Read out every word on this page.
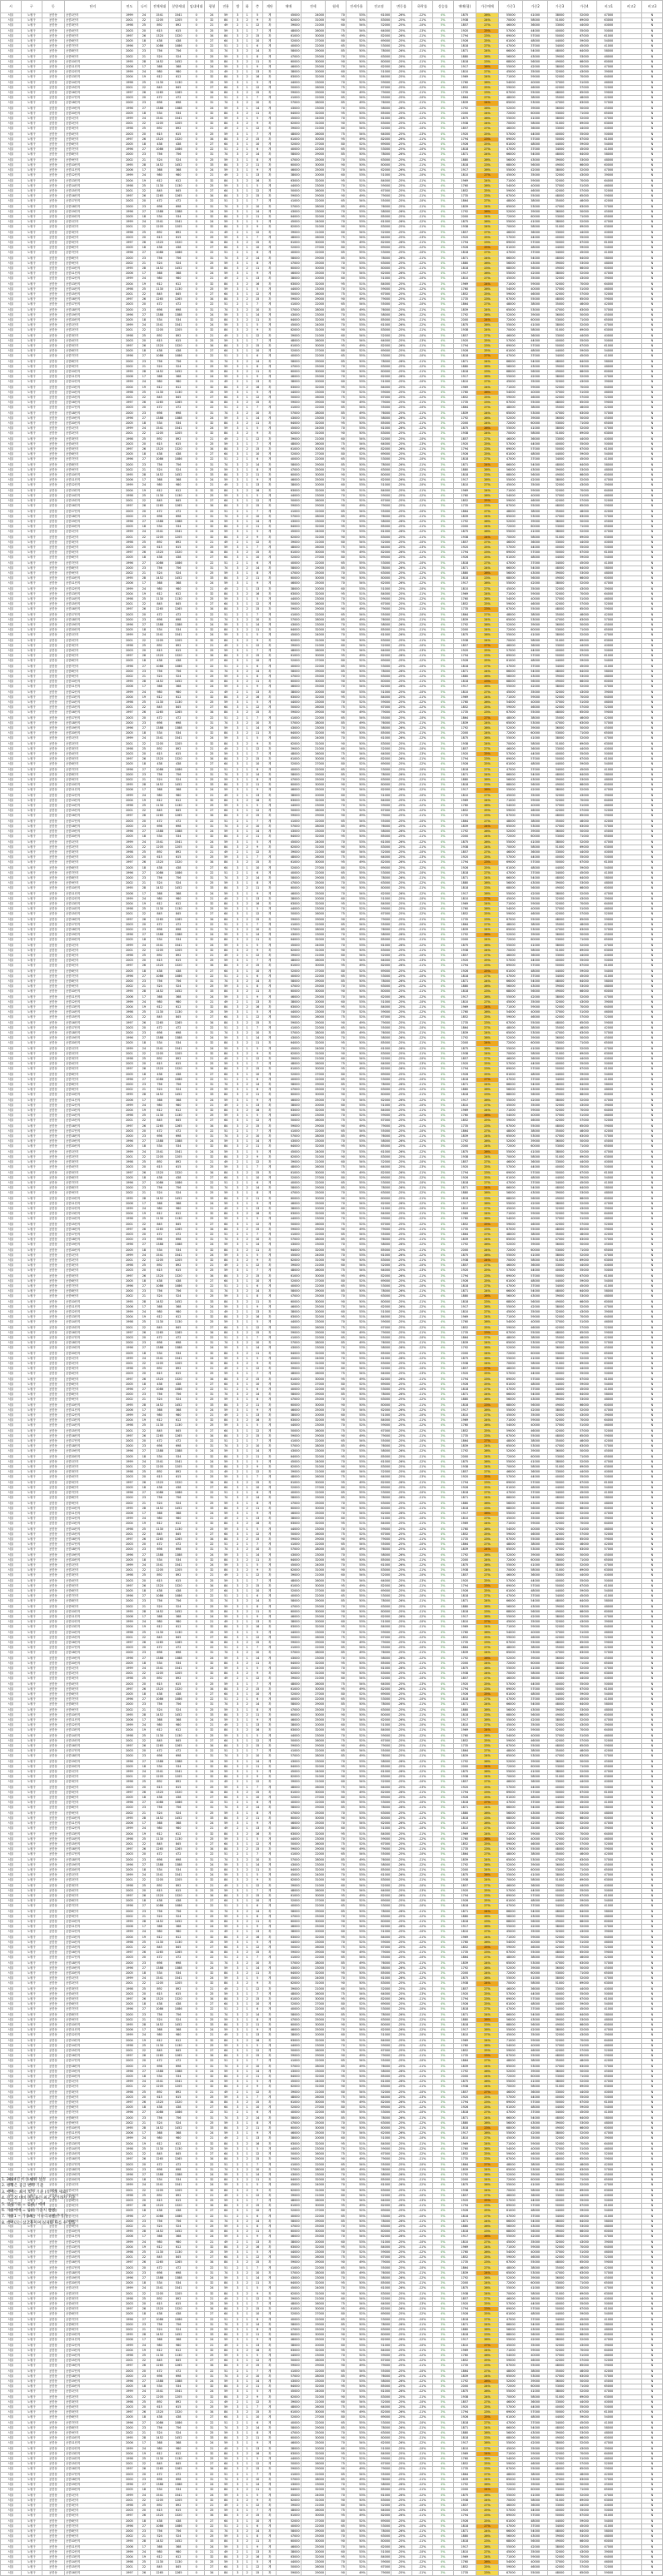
시	구	동	단지	연도	나이	전체세대	분양세대	임대세대	평형	전용	방	화	층	계단	매매	전세	월세	전세가율	전고점	변동률	하락률	상승률	매매(평)	가중매매	가중1	가중2	가중3	가중4	비고1	비고2	비고3
서울	노원구	공릉동	공릉1단지	1999	24	1541	1541	0	24	59	3	1	5	계	45000	24000	70	53%	61000	-26%	-12%	4%	1875	26%	55000	41000	38000	52000	47000		N
서울	노원구	공릉동	공릉2단지	2001	22	1205	1205	0	32	84	3	2	9	복	62000	31000	90	50%	83000	-25%	-11%	3%	1938	24%	70000	58000	51000	69000	63000		N
서울	노원구	공릉동	공릉3단지	1998	25	892	892	0	21	49	2	1	12	복	39000	21000	60	54%	52000	-25%	-10%	5%	1857	27%	46000	36000	33000	44000	40000		N
서울	노원구	공릉동	공릉4단지	2003	20	615	615	0	25	59	3	1	7	계	48000	26000	75	54%	64000	-25%	-13%	4%	1920	25%	57000	44000	40000	55000	50000		N
서울	노원구	공릉동	공릉5단지	1997	26	1320	1320	0	34	84	3	2	15	복	61000	30000	95	49%	82000	-26%	-11%	3%	1794	23%	69000	57000	50000	67000	61000		N
서울	노원구	공릉동	공릉6단지	2005	18	438	438	0	27	64	3	1	10	계	52000	27000	80	52%	69000	-25%	-12%	4%	1926	25%	61000	48000	44000	59000	54000		N
서울	노원구	공릉동	공릉7단지	1996	27	1086	1086	0	22	51	2	1	6	계	40000	22000	65	55%	53000	-25%	-10%	5%	1818	27%	47000	37000	34000	45000	41000		N
서울	노원구	공릉동	공릉8단지	2000	23	756	756	0	31	74	3	2	14	복	58000	29000	85	50%	78000	-26%	-11%	3%	1871	24%	66000	54000	48000	64000	58000		N
서울	노원구	공릉동	공릉9단지	2002	21	524	524	0	25	59	3	1	8	계	47000	25000	70	53%	63000	-25%	-12%	4%	1880	26%	56000	43000	39000	53000	48000		N
서울	노원구	공릉동	공릉10단지	1995	28	1452	1452	0	33	84	3	2	11	복	60000	30000	90	50%	80000	-25%	-11%	3%	1818	23%	68000	56000	49000	66000	60000		N
서울	노원구	공릉동	공릉11단지	2006	17	368	368	0	24	59	3	1	9	계	46000	25000	70	54%	62000	-26%	-12%	4%	1917	26%	55000	42000	38000	52000	47000		N
서울	노원구	공릉동	공릉12단지	1999	24	980	980	0	21	49	2	1	13	복	38000	20000	60	53%	51000	-25%	-10%	5%	1810	27%	45000	35000	32000	43000	39000		N
서울	노원구	공릉동	공릉13단지	2004	19	612	612	0	32	84	3	2	16	복	63000	32000	95	51%	84000	-25%	-11%	3%	1969	24%	71000	59000	52000	70000	64000		N
서울	노원구	공릉동	공릉14단지	1998	25	1130	1130	0	25	59	3	1	5	계	44000	23000	70	52%	59000	-25%	-12%	4%	1760	26%	54000	40000	37000	51000	46000		N
서울	노원구	공릉동	공릉15단지	2001	22	845	845	0	27	64	3	1	12	계	50000	26000	75	52%	67000	-25%	-12%	4%	1852	25%	59000	46000	42000	57000	52000		N
서울	노원구	공릉동	공릉16단지	1997	26	1265	1265	0	34	84	3	2	15	복	59000	29000	90	49%	79000	-25%	-11%	3%	1735	23%	67000	55000	48000	65000	59000		N
서울	노원구	공릉동	공릉17단지	2003	20	472	472	0	22	51	2	1	7	계	41000	22000	65	54%	55000	-25%	-10%	5%	1864	27%	48000	38000	35000	46000	42000		N
서울	노원구	공릉동	공릉18단지	2000	23	698	698	0	31	74	3	2	10	복	57000	28000	85	49%	76000	-25%	-11%	3%	1839	24%	65000	53000	47000	63000	57000		N
서울	노원구	공릉동	공릉19단지	1996	27	1388	1388	0	24	59	3	1	14	계	43000	23000	70	53%	58000	-26%	-12%	4%	1792	26%	52000	39000	36000	50000	45000		N
서울	노원구	공릉동	공릉20단지	2005	18	534	534	0	32	84	3	2	11	복	64000	32000	95	50%	85000	-25%	-11%	3%	2000	24%	72000	60000	53000	71000	65000		N
서울	노원구	공릉동	공릉1단지	1999	24	1541	1541	0	24	59	3	1	5	계	45000	24000	70	53%	61000	-26%	-12%	4%	1875	26%	55000	41000	38000	52000	47000		N
서울	노원구	공릉동	공릉2단지	2001	22	1205	1205	0	32	84	3	2	9	복	62000	31000	90	50%	83000	-25%	-11%	3%	1938	24%	70000	58000	51000	69000	63000		N
서울	노원구	공릉동	공릉3단지	1998	25	892	892	0	21	49	2	1	12	복	39000	21000	60	54%	52000	-25%	-10%	5%	1857	27%	46000	36000	33000	44000	40000		N
서울	노원구	공릉동	공릉4단지	2003	20	615	615	0	25	59	3	1	7	계	48000	26000	75	54%	64000	-25%	-13%	4%	1920	25%	57000	44000	40000	55000	50000		N
서울	노원구	공릉동	공릉5단지	1997	26	1320	1320	0	34	84	3	2	15	복	61000	30000	95	49%	82000	-26%	-11%	3%	1794	23%	69000	57000	50000	67000	61000		N
서울	노원구	공릉동	공릉6단지	2005	18	438	438	0	27	64	3	1	10	계	52000	27000	80	52%	69000	-25%	-12%	4%	1926	25%	61000	48000	44000	59000	54000		N
서울	노원구	공릉동	공릉7단지	1996	27	1086	1086	0	22	51	2	1	6	계	40000	22000	65	55%	53000	-25%	-10%	5%	1818	27%	47000	37000	34000	45000	41000		N
서울	노원구	공릉동	공릉8단지	2000	23	756	756	0	31	74	3	2	14	복	58000	29000	85	50%	78000	-26%	-11%	3%	1871	24%	66000	54000	48000	64000	58000		N
서울	노원구	공릉동	공릉9단지	2002	21	524	524	0	25	59	3	1	8	계	47000	25000	70	53%	63000	-25%	-12%	4%	1880	26%	56000	43000	39000	53000	48000		N
서울	노원구	공릉동	공릉10단지	1995	28	1452	1452	0	33	84	3	2	11	복	60000	30000	90	50%	80000	-25%	-11%	3%	1818	23%	68000	56000	49000	66000	60000		N
서울	노원구	공릉동	공릉11단지	2006	17	368	368	0	24	59	3	1	9	계	46000	25000	70	54%	62000	-26%	-12%	4%	1917	26%	55000	42000	38000	52000	47000		N
서울	노원구	공릉동	공릉12단지	1999	24	980	980	0	21	49	2	1	13	복	38000	20000	60	53%	51000	-25%	-10%	5%	1810	27%	45000	35000	32000	43000	39000		N
서울	노원구	공릉동	공릉13단지	2004	19	612	612	0	32	84	3	2	16	복	63000	32000	95	51%	84000	-25%	-11%	3%	1969	24%	71000	59000	52000	70000	64000		N
서울	노원구	공릉동	공릉14단지	1998	25	1130	1130	0	25	59	3	1	5	계	44000	23000	70	52%	59000	-25%	-12%	4%	1760	26%	54000	40000	37000	51000	46000		N
서울	노원구	공릉동	공릉15단지	2001	22	845	845	0	27	64	3	1	12	계	50000	26000	75	52%	67000	-25%	-12%	4%	1852	25%	59000	46000	42000	57000	52000		N
서울	노원구	공릉동	공릉16단지	1997	26	1265	1265	0	34	84	3	2	15	복	59000	29000	90	49%	79000	-25%	-11%	3%	1735	23%	67000	55000	48000	65000	59000		N
서울	노원구	공릉동	공릉17단지	2003	20	472	472	0	22	51	2	1	7	계	41000	22000	65	54%	55000	-25%	-10%	5%	1864	27%	48000	38000	35000	46000	42000		N
서울	노원구	공릉동	공릉18단지	2000	23	698	698	0	31	74	3	2	10	복	57000	28000	85	49%	76000	-25%	-11%	3%	1839	24%	65000	53000	47000	63000	57000		N
서울	노원구	공릉동	공릉19단지	1996	27	1388	1388	0	24	59	3	1	14	계	43000	23000	70	53%	58000	-26%	-12%	4%	1792	26%	52000	39000	36000	50000	45000		N
서울	노원구	공릉동	공릉20단지	2005	18	534	534	0	32	84	3	2	11	복	64000	32000	95	50%	85000	-25%	-11%	3%	2000	24%	72000	60000	53000	71000	65000		N
서울	노원구	공릉동	공릉1단지	1999	24	1541	1541	0	24	59	3	1	5	계	45000	24000	70	53%	61000	-26%	-12%	4%	1875	26%	55000	41000	38000	52000	47000		N
서울	노원구	공릉동	공릉2단지	2001	22	1205	1205	0	32	84	3	2	9	복	62000	31000	90	50%	83000	-25%	-11%	3%	1938	24%	70000	58000	51000	69000	63000		N
서울	노원구	공릉동	공릉3단지	1998	25	892	892	0	21	49	2	1	12	복	39000	21000	60	54%	52000	-25%	-10%	5%	1857	27%	46000	36000	33000	44000	40000		N
서울	노원구	공릉동	공릉4단지	2003	20	615	615	0	25	59	3	1	7	계	48000	26000	75	54%	64000	-25%	-13%	4%	1920	25%	57000	44000	40000	55000	50000		N
서울	노원구	공릉동	공릉5단지	1997	26	1320	1320	0	34	84	3	2	15	복	61000	30000	95	49%	82000	-26%	-11%	3%	1794	23%	69000	57000	50000	67000	61000		N
서울	노원구	공릉동	공릉6단지	2005	18	438	438	0	27	64	3	1	10	계	52000	27000	80	52%	69000	-25%	-12%	4%	1926	25%	61000	48000	44000	59000	54000		N
서울	노원구	공릉동	공릉7단지	1996	27	1086	1086	0	22	51	2	1	6	계	40000	22000	65	55%	53000	-25%	-10%	5%	1818	27%	47000	37000	34000	45000	41000		N
서울	노원구	공릉동	공릉8단지	2000	23	756	756	0	31	74	3	2	14	복	58000	29000	85	50%	78000	-26%	-11%	3%	1871	24%	66000	54000	48000	64000	58000		N
서울	노원구	공릉동	공릉9단지	2002	21	524	524	0	25	59	3	1	8	계	47000	25000	70	53%	63000	-25%	-12%	4%	1880	26%	56000	43000	39000	53000	48000		N
서울	노원구	공릉동	공릉10단지	1995	28	1452	1452	0	33	84	3	2	11	복	60000	30000	90	50%	80000	-25%	-11%	3%	1818	23%	68000	56000	49000	66000	60000		N
서울	노원구	공릉동	공릉11단지	2006	17	368	368	0	24	59	3	1	9	계	46000	25000	70	54%	62000	-26%	-12%	4%	1917	26%	55000	42000	38000	52000	47000		N
서울	노원구	공릉동	공릉12단지	1999	24	980	980	0	21	49	2	1	13	복	38000	20000	60	53%	51000	-25%	-10%	5%	1810	27%	45000	35000	32000	43000	39000		N
서울	노원구	공릉동	공릉13단지	2004	19	612	612	0	32	84	3	2	16	복	63000	32000	95	51%	84000	-25%	-11%	3%	1969	24%	71000	59000	52000	70000	64000		N
서울	노원구	공릉동	공릉14단지	1998	25	1130	1130	0	25	59	3	1	5	계	44000	23000	70	52%	59000	-25%	-12%	4%	1760	26%	54000	40000	37000	51000	46000		N
서울	노원구	공릉동	공릉15단지	2001	22	845	845	0	27	64	3	1	12	계	50000	26000	75	52%	67000	-25%	-12%	4%	1852	25%	59000	46000	42000	57000	52000		N
서울	노원구	공릉동	공릉16단지	1997	26	1265	1265	0	34	84	3	2	15	복	59000	29000	90	49%	79000	-25%	-11%	3%	1735	23%	67000	55000	48000	65000	59000		N
서울	노원구	공릉동	공릉17단지	2003	20	472	472	0	22	51	2	1	7	계	41000	22000	65	54%	55000	-25%	-10%	5%	1864	27%	48000	38000	35000	46000	42000		N
서울	노원구	공릉동	공릉18단지	2000	23	698	698	0	31	74	3	2	10	복	57000	28000	85	49%	76000	-25%	-11%	3%	1839	24%	65000	53000	47000	63000	57000		N
서울	노원구	공릉동	공릉19단지	1996	27	1388	1388	0	24	59	3	1	14	계	43000	23000	70	53%	58000	-26%	-12%	4%	1792	26%	52000	39000	36000	50000	45000		N
서울	노원구	공릉동	공릉20단지	2005	18	534	534	0	32	84	3	2	11	복	64000	32000	95	50%	85000	-25%	-11%	3%	2000	24%	72000	60000	53000	71000	65000		N
서울	노원구	공릉동	공릉1단지	1999	24	1541	1541	0	24	59	3	1	5	계	45000	24000	70	53%	61000	-26%	-12%	4%	1875	26%	55000	41000	38000	52000	47000		N
서울	노원구	공릉동	공릉2단지	2001	22	1205	1205	0	32	84	3	2	9	복	62000	31000	90	50%	83000	-25%	-11%	3%	1938	24%	70000	58000	51000	69000	63000		N
서울	노원구	공릉동	공릉3단지	1998	25	892	892	0	21	49	2	1	12	복	39000	21000	60	54%	52000	-25%	-10%	5%	1857	27%	46000	36000	33000	44000	40000		N
서울	노원구	공릉동	공릉4단지	2003	20	615	615	0	25	59	3	1	7	계	48000	26000	75	54%	64000	-25%	-13%	4%	1920	25%	57000	44000	40000	55000	50000		N
서울	노원구	공릉동	공릉5단지	1997	26	1320	1320	0	34	84	3	2	15	복	61000	30000	95	49%	82000	-26%	-11%	3%	1794	23%	69000	57000	50000	67000	61000		N
서울	노원구	공릉동	공릉6단지	2005	18	438	438	0	27	64	3	1	10	계	52000	27000	80	52%	69000	-25%	-12%	4%	1926	25%	61000	48000	44000	59000	54000		N
서울	노원구	공릉동	공릉7단지	1996	27	1086	1086	0	22	51	2	1	6	계	40000	22000	65	55%	53000	-25%	-10%	5%	1818	27%	47000	37000	34000	45000	41000		N
서울	노원구	공릉동	공릉8단지	2000	23	756	756	0	31	74	3	2	14	복	58000	29000	85	50%	78000	-26%	-11%	3%	1871	24%	66000	54000	48000	64000	58000		N
서울	노원구	공릉동	공릉9단지	2002	21	524	524	0	25	59	3	1	8	계	47000	25000	70	53%	63000	-25%	-12%	4%	1880	26%	56000	43000	39000	53000	48000		N
서울	노원구	공릉동	공릉10단지	1995	28	1452	1452	0	33	84	3	2	11	복	60000	30000	90	50%	80000	-25%	-11%	3%	1818	23%	68000	56000	49000	66000	60000		N
서울	노원구	공릉동	공릉11단지	2006	17	368	368	0	24	59	3	1	9	계	46000	25000	70	54%	62000	-26%	-12%	4%	1917	26%	55000	42000	38000	52000	47000		N
서울	노원구	공릉동	공릉12단지	1999	24	980	980	0	21	49	2	1	13	복	38000	20000	60	53%	51000	-25%	-10%	5%	1810	27%	45000	35000	32000	43000	39000		N
서울	노원구	공릉동	공릉13단지	2004	19	612	612	0	32	84	3	2	16	복	63000	32000	95	51%	84000	-25%	-11%	3%	1969	24%	71000	59000	52000	70000	64000		N
서울	노원구	공릉동	공릉14단지	1998	25	1130	1130	0	25	59	3	1	5	계	44000	23000	70	52%	59000	-25%	-12%	4%	1760	26%	54000	40000	37000	51000	46000		N
서울	노원구	공릉동	공릉15단지	2001	22	845	845	0	27	64	3	1	12	계	50000	26000	75	52%	67000	-25%	-12%	4%	1852	25%	59000	46000	42000	57000	52000		N
서울	노원구	공릉동	공릉16단지	1997	26	1265	1265	0	34	84	3	2	15	복	59000	29000	90	49%	79000	-25%	-11%	3%	1735	23%	67000	55000	48000	65000	59000		N
서울	노원구	공릉동	공릉17단지	2003	20	472	472	0	22	51	2	1	7	계	41000	22000	65	54%	55000	-25%	-10%	5%	1864	27%	48000	38000	35000	46000	42000		N
서울	노원구	공릉동	공릉18단지	2000	23	698	698	0	31	74	3	2	10	복	57000	28000	85	49%	76000	-25%	-11%	3%	1839	24%	65000	53000	47000	63000	57000		N
서울	노원구	공릉동	공릉19단지	1996	27	1388	1388	0	24	59	3	1	14	계	43000	23000	70	53%	58000	-26%	-12%	4%	1792	26%	52000	39000	36000	50000	45000		N
서울	노원구	공릉동	공릉20단지	2005	18	534	534	0	32	84	3	2	11	복	64000	32000	95	50%	85000	-25%	-11%	3%	2000	24%	72000	60000	53000	71000	65000		N
서울	노원구	공릉동	공릉1단지	1999	24	1541	1541	0	24	59	3	1	5	계	45000	24000	70	53%	61000	-26%	-12%	4%	1875	26%	55000	41000	38000	52000	47000		N
서울	노원구	공릉동	공릉2단지	2001	22	1205	1205	0	32	84	3	2	9	복	62000	31000	90	50%	83000	-25%	-11%	3%	1938	24%	70000	58000	51000	69000	63000		N
서울	노원구	공릉동	공릉3단지	1998	25	892	892	0	21	49	2	1	12	복	39000	21000	60	54%	52000	-25%	-10%	5%	1857	27%	46000	36000	33000	44000	40000		N
서울	노원구	공릉동	공릉4단지	2003	20	615	615	0	25	59	3	1	7	계	48000	26000	75	54%	64000	-25%	-13%	4%	1920	25%	57000	44000	40000	55000	50000		N
서울	노원구	공릉동	공릉5단지	1997	26	1320	1320	0	34	84	3	2	15	복	61000	30000	95	49%	82000	-26%	-11%	3%	1794	23%	69000	57000	50000	67000	61000		N
서울	노원구	공릉동	공릉6단지	2005	18	438	438	0	27	64	3	1	10	계	52000	27000	80	52%	69000	-25%	-12%	4%	1926	25%	61000	48000	44000	59000	54000		N
서울	노원구	공릉동	공릉7단지	1996	27	1086	1086	0	22	51	2	1	6	계	40000	22000	65	55%	53000	-25%	-10%	5%	1818	27%	47000	37000	34000	45000	41000		N
서울	노원구	공릉동	공릉8단지	2000	23	756	756	0	31	74	3	2	14	복	58000	29000	85	50%	78000	-26%	-11%	3%	1871	24%	66000	54000	48000	64000	58000		N
서울	노원구	공릉동	공릉9단지	2002	21	524	524	0	25	59	3	1	8	계	47000	25000	70	53%	63000	-25%	-12%	4%	1880	26%	56000	43000	39000	53000	48000		N
서울	노원구	공릉동	공릉10단지	1995	28	1452	1452	0	33	84	3	2	11	복	60000	30000	90	50%	80000	-25%	-11%	3%	1818	23%	68000	56000	49000	66000	60000		N
서울	노원구	공릉동	공릉11단지	2006	17	368	368	0	24	59	3	1	9	계	46000	25000	70	54%	62000	-26%	-12%	4%	1917	26%	55000	42000	38000	52000	47000		N
서울	노원구	공릉동	공릉12단지	1999	24	980	980	0	21	49	2	1	13	복	38000	20000	60	53%	51000	-25%	-10%	5%	1810	27%	45000	35000	32000	43000	39000		N
서울	노원구	공릉동	공릉13단지	2004	19	612	612	0	32	84	3	2	16	복	63000	32000	95	51%	84000	-25%	-11%	3%	1969	24%	71000	59000	52000	70000	64000		N
서울	노원구	공릉동	공릉14단지	1998	25	1130	1130	0	25	59	3	1	5	계	44000	23000	70	52%	59000	-25%	-12%	4%	1760	26%	54000	40000	37000	51000	46000		N
서울	노원구	공릉동	공릉15단지	2001	22	845	845	0	27	64	3	1	12	계	50000	26000	75	52%	67000	-25%	-12%	4%	1852	25%	59000	46000	42000	57000	52000		N
서울	노원구	공릉동	공릉16단지	1997	26	1265	1265	0	34	84	3	2	15	복	59000	29000	90	49%	79000	-25%	-11%	3%	1735	23%	67000	55000	48000	65000	59000		N
서울	노원구	공릉동	공릉17단지	2003	20	472	472	0	22	51	2	1	7	계	41000	22000	65	54%	55000	-25%	-10%	5%	1864	27%	48000	38000	35000	46000	42000		N
서울	노원구	공릉동	공릉18단지	2000	23	698	698	0	31	74	3	2	10	복	57000	28000	85	49%	76000	-25%	-11%	3%	1839	24%	65000	53000	47000	63000	57000		N
서울	노원구	공릉동	공릉19단지	1996	27	1388	1388	0	24	59	3	1	14	계	43000	23000	70	53%	58000	-26%	-12%	4%	1792	26%	52000	39000	36000	50000	45000		N
서울	노원구	공릉동	공릉20단지	2005	18	534	534	0	32	84	3	2	11	복	64000	32000	95	50%	85000	-25%	-11%	3%	2000	24%	72000	60000	53000	71000	65000		N
서울	노원구	공릉동	공릉1단지	1999	24	1541	1541	0	24	59	3	1	5	계	45000	24000	70	53%	61000	-26%	-12%	4%	1875	26%	55000	41000	38000	52000	47000		N
서울	노원구	공릉동	공릉2단지	2001	22	1205	1205	0	32	84	3	2	9	복	62000	31000	90	50%	83000	-25%	-11%	3%	1938	24%	70000	58000	51000	69000	63000		N
서울	노원구	공릉동	공릉3단지	1998	25	892	892	0	21	49	2	1	12	복	39000	21000	60	54%	52000	-25%	-10%	5%	1857	27%	46000	36000	33000	44000	40000		N
서울	노원구	공릉동	공릉4단지	2003	20	615	615	0	25	59	3	1	7	계	48000	26000	75	54%	64000	-25%	-13%	4%	1920	25%	57000	44000	40000	55000	50000		N
서울	노원구	공릉동	공릉5단지	1997	26	1320	1320	0	34	84	3	2	15	복	61000	30000	95	49%	82000	-26%	-11%	3%	1794	23%	69000	57000	50000	67000	61000		N
서울	노원구	공릉동	공릉6단지	2005	18	438	438	0	27	64	3	1	10	계	52000	27000	80	52%	69000	-25%	-12%	4%	1926	25%	61000	48000	44000	59000	54000		N
서울	노원구	공릉동	공릉7단지	1996	27	1086	1086	0	22	51	2	1	6	계	40000	22000	65	55%	53000	-25%	-10%	5%	1818	27%	47000	37000	34000	45000	41000		N
서울	노원구	공릉동	공릉8단지	2000	23	756	756	0	31	74	3	2	14	복	58000	29000	85	50%	78000	-26%	-11%	3%	1871	24%	66000	54000	48000	64000	58000		N
서울	노원구	공릉동	공릉9단지	2002	21	524	524	0	25	59	3	1	8	계	47000	25000	70	53%	63000	-25%	-12%	4%	1880	26%	56000	43000	39000	53000	48000		N
서울	노원구	공릉동	공릉10단지	1995	28	1452	1452	0	33	84	3	2	11	복	60000	30000	90	50%	80000	-25%	-11%	3%	1818	23%	68000	56000	49000	66000	60000		N
서울	노원구	공릉동	공릉11단지	2006	17	368	368	0	24	59	3	1	9	계	46000	25000	70	54%	62000	-26%	-12%	4%	1917	26%	55000	42000	38000	52000	47000		N
서울	노원구	공릉동	공릉12단지	1999	24	980	980	0	21	49	2	1	13	복	38000	20000	60	53%	51000	-25%	-10%	5%	1810	27%	45000	35000	32000	43000	39000		N
서울	노원구	공릉동	공릉13단지	2004	19	612	612	0	32	84	3	2	16	복	63000	32000	95	51%	84000	-25%	-11%	3%	1969	24%	71000	59000	52000	70000	64000		N
서울	노원구	공릉동	공릉14단지	1998	25	1130	1130	0	25	59	3	1	5	계	44000	23000	70	52%	59000	-25%	-12%	4%	1760	26%	54000	40000	37000	51000	46000		N
서울	노원구	공릉동	공릉15단지	2001	22	845	845	0	27	64	3	1	12	계	50000	26000	75	52%	67000	-25%	-12%	4%	1852	25%	59000	46000	42000	57000	52000		N
서울	노원구	공릉동	공릉16단지	1997	26	1265	1265	0	34	84	3	2	15	복	59000	29000	90	49%	79000	-25%	-11%	3%	1735	23%	67000	55000	48000	65000	59000		N
서울	노원구	공릉동	공릉17단지	2003	20	472	472	0	22	51	2	1	7	계	41000	22000	65	54%	55000	-25%	-10%	5%	1864	27%	48000	38000	35000	46000	42000		N
서울	노원구	공릉동	공릉18단지	2000	23	698	698	0	31	74	3	2	10	복	57000	28000	85	49%	76000	-25%	-11%	3%	1839	24%	65000	53000	47000	63000	57000		N
서울	노원구	공릉동	공릉19단지	1996	27	1388	1388	0	24	59	3	1	14	계	43000	23000	70	53%	58000	-26%	-12%	4%	1792	26%	52000	39000	36000	50000	45000		N
서울	노원구	공릉동	공릉20단지	2005	18	534	534	0	32	84	3	2	11	복	64000	32000	95	50%	85000	-25%	-11%	3%	2000	24%	72000	60000	53000	71000	65000		N
서울	노원구	공릉동	공릉1단지	1999	24	1541	1541	0	24	59	3	1	5	계	45000	24000	70	53%	61000	-26%	-12%	4%	1875	26%	55000	41000	38000	52000	47000		N
서울	노원구	공릉동	공릉2단지	2001	22	1205	1205	0	32	84	3	2	9	복	62000	31000	90	50%	83000	-25%	-11%	3%	1938	24%	70000	58000	51000	69000	63000		N
서울	노원구	공릉동	공릉3단지	1998	25	892	892	0	21	49	2	1	12	복	39000	21000	60	54%	52000	-25%	-10%	5%	1857	27%	46000	36000	33000	44000	40000		N
서울	노원구	공릉동	공릉4단지	2003	20	615	615	0	25	59	3	1	7	계	48000	26000	75	54%	64000	-25%	-13%	4%	1920	25%	57000	44000	40000	55000	50000		N
서울	노원구	공릉동	공릉5단지	1997	26	1320	1320	0	34	84	3	2	15	복	61000	30000	95	49%	82000	-26%	-11%	3%	1794	23%	69000	57000	50000	67000	61000		N
서울	노원구	공릉동	공릉6단지	2005	18	438	438	0	27	64	3	1	10	계	52000	27000	80	52%	69000	-25%	-12%	4%	1926	25%	61000	48000	44000	59000	54000		N
서울	노원구	공릉동	공릉7단지	1996	27	1086	1086	0	22	51	2	1	6	계	40000	22000	65	55%	53000	-25%	-10%	5%	1818	27%	47000	37000	34000	45000	41000		N
서울	노원구	공릉동	공릉8단지	2000	23	756	756	0	31	74	3	2	14	복	58000	29000	85	50%	78000	-26%	-11%	3%	1871	24%	66000	54000	48000	64000	58000		N
서울	노원구	공릉동	공릉9단지	2002	21	524	524	0	25	59	3	1	8	계	47000	25000	70	53%	63000	-25%	-12%	4%	1880	26%	56000	43000	39000	53000	48000		N
서울	노원구	공릉동	공릉10단지	1995	28	1452	1452	0	33	84	3	2	11	복	60000	30000	90	50%	80000	-25%	-11%	3%	1818	23%	68000	56000	49000	66000	60000		N
서울	노원구	공릉동	공릉11단지	2006	17	368	368	0	24	59	3	1	9	계	46000	25000	70	54%	62000	-26%	-12%	4%	1917	26%	55000	42000	38000	52000	47000		N
서울	노원구	공릉동	공릉12단지	1999	24	980	980	0	21	49	2	1	13	복	38000	20000	60	53%	51000	-25%	-10%	5%	1810	27%	45000	35000	32000	43000	39000		N
서울	노원구	공릉동	공릉13단지	2004	19	612	612	0	32	84	3	2	16	복	63000	32000	95	51%	84000	-25%	-11%	3%	1969	24%	71000	59000	52000	70000	64000		N
서울	노원구	공릉동	공릉14단지	1998	25	1130	1130	0	25	59	3	1	5	계	44000	23000	70	52%	59000	-25%	-12%	4%	1760	26%	54000	40000	37000	51000	46000		N
서울	노원구	공릉동	공릉15단지	2001	22	845	845	0	27	64	3	1	12	계	50000	26000	75	52%	67000	-25%	-12%	4%	1852	25%	59000	46000	42000	57000	52000		N
서울	노원구	공릉동	공릉16단지	1997	26	1265	1265	0	34	84	3	2	15	복	59000	29000	90	49%	79000	-25%	-11%	3%	1735	23%	67000	55000	48000	65000	59000		N
서울	노원구	공릉동	공릉17단지	2003	20	472	472	0	22	51	2	1	7	계	41000	22000	65	54%	55000	-25%	-10%	5%	1864	27%	48000	38000	35000	46000	42000		N
서울	노원구	공릉동	공릉18단지	2000	23	698	698	0	31	74	3	2	10	복	57000	28000	85	49%	76000	-25%	-11%	3%	1839	24%	65000	53000	47000	63000	57000		N
서울	노원구	공릉동	공릉19단지	1996	27	1388	1388	0	24	59	3	1	14	계	43000	23000	70	53%	58000	-26%	-12%	4%	1792	26%	52000	39000	36000	50000	45000		N
서울	노원구	공릉동	공릉20단지	2005	18	534	534	0	32	84	3	2	11	복	64000	32000	95	50%	85000	-25%	-11%	3%	2000	24%	72000	60000	53000	71000	65000		N
서울	노원구	공릉동	공릉1단지	1999	24	1541	1541	0	24	59	3	1	5	계	45000	24000	70	53%	61000	-26%	-12%	4%	1875	26%	55000	41000	38000	52000	47000		N
서울	노원구	공릉동	공릉2단지	2001	22	1205	1205	0	32	84	3	2	9	복	62000	31000	90	50%	83000	-25%	-11%	3%	1938	24%	70000	58000	51000	69000	63000		N
서울	노원구	공릉동	공릉3단지	1998	25	892	892	0	21	49	2	1	12	복	39000	21000	60	54%	52000	-25%	-10%	5%	1857	27%	46000	36000	33000	44000	40000		N
서울	노원구	공릉동	공릉4단지	2003	20	615	615	0	25	59	3	1	7	계	48000	26000	75	54%	64000	-25%	-13%	4%	1920	25%	57000	44000	40000	55000	50000		N
서울	노원구	공릉동	공릉5단지	1997	26	1320	1320	0	34	84	3	2	15	복	61000	30000	95	49%	82000	-26%	-11%	3%	1794	23%	69000	57000	50000	67000	61000		N
서울	노원구	공릉동	공릉6단지	2005	18	438	438	0	27	64	3	1	10	계	52000	27000	80	52%	69000	-25%	-12%	4%	1926	25%	61000	48000	44000	59000	54000		N
서울	노원구	공릉동	공릉7단지	1996	27	1086	1086	0	22	51	2	1	6	계	40000	22000	65	55%	53000	-25%	-10%	5%	1818	27%	47000	37000	34000	45000	41000		N
서울	노원구	공릉동	공릉8단지	2000	23	756	756	0	31	74	3	2	14	복	58000	29000	85	50%	78000	-26%	-11%	3%	1871	24%	66000	54000	48000	64000	58000		N
서울	노원구	공릉동	공릉9단지	2002	21	524	524	0	25	59	3	1	8	계	47000	25000	70	53%	63000	-25%	-12%	4%	1880	26%	56000	43000	39000	53000	48000		N
서울	노원구	공릉동	공릉10단지	1995	28	1452	1452	0	33	84	3	2	11	복	60000	30000	90	50%	80000	-25%	-11%	3%	1818	23%	68000	56000	49000	66000	60000		N
서울	노원구	공릉동	공릉11단지	2006	17	368	368	0	24	59	3	1	9	계	46000	25000	70	54%	62000	-26%	-12%	4%	1917	26%	55000	42000	38000	52000	47000		N
서울	노원구	공릉동	공릉12단지	1999	24	980	980	0	21	49	2	1	13	복	38000	20000	60	53%	51000	-25%	-10%	5%	1810	27%	45000	35000	32000	43000	39000		N
서울	노원구	공릉동	공릉13단지	2004	19	612	612	0	32	84	3	2	16	복	63000	32000	95	51%	84000	-25%	-11%	3%	1969	24%	71000	59000	52000	70000	64000		N
서울	노원구	공릉동	공릉14단지	1998	25	1130	1130	0	25	59	3	1	5	계	44000	23000	70	52%	59000	-25%	-12%	4%	1760	26%	54000	40000	37000	51000	46000		N
서울	노원구	공릉동	공릉15단지	2001	22	845	845	0	27	64	3	1	12	계	50000	26000	75	52%	67000	-25%	-12%	4%	1852	25%	59000	46000	42000	57000	52000		N
서울	노원구	공릉동	공릉16단지	1997	26	1265	1265	0	34	84	3	2	15	복	59000	29000	90	49%	79000	-25%	-11%	3%	1735	23%	67000	55000	48000	65000	59000		N
서울	노원구	공릉동	공릉17단지	2003	20	472	472	0	22	51	2	1	7	계	41000	22000	65	54%	55000	-25%	-10%	5%	1864	27%	48000	38000	35000	46000	42000		N
서울	노원구	공릉동	공릉18단지	2000	23	698	698	0	31	74	3	2	10	복	57000	28000	85	49%	76000	-25%	-11%	3%	1839	24%	65000	53000	47000	63000	57000		N
서울	노원구	공릉동	공릉19단지	1996	27	1388	1388	0	24	59	3	1	14	계	43000	23000	70	53%	58000	-26%	-12%	4%	1792	26%	52000	39000	36000	50000	45000		N
서울	노원구	공릉동	공릉20단지	2005	18	534	534	0	32	84	3	2	11	복	64000	32000	95	50%	85000	-25%	-11%	3%	2000	24%	72000	60000	53000	71000	65000		N
서울	노원구	공릉동	공릉1단지	1999	24	1541	1541	0	24	59	3	1	5	계	45000	24000	70	53%	61000	-26%	-12%	4%	1875	26%	55000	41000	38000	52000	47000		N
서울	노원구	공릉동	공릉2단지	2001	22	1205	1205	0	32	84	3	2	9	복	62000	31000	90	50%	83000	-25%	-11%	3%	1938	24%	70000	58000	51000	69000	63000		N
서울	노원구	공릉동	공릉3단지	1998	25	892	892	0	21	49	2	1	12	복	39000	21000	60	54%	52000	-25%	-10%	5%	1857	27%	46000	36000	33000	44000	40000		N
서울	노원구	공릉동	공릉4단지	2003	20	615	615	0	25	59	3	1	7	계	48000	26000	75	54%	64000	-25%	-13%	4%	1920	25%	57000	44000	40000	55000	50000		N
서울	노원구	공릉동	공릉5단지	1997	26	1320	1320	0	34	84	3	2	15	복	61000	30000	95	49%	82000	-26%	-11%	3%	1794	23%	69000	57000	50000	67000	61000		N
서울	노원구	공릉동	공릉6단지	2005	18	438	438	0	27	64	3	1	10	계	52000	27000	80	52%	69000	-25%	-12%	4%	1926	25%	61000	48000	44000	59000	54000		N
서울	노원구	공릉동	공릉7단지	1996	27	1086	1086	0	22	51	2	1	6	계	40000	22000	65	55%	53000	-25%	-10%	5%	1818	27%	47000	37000	34000	45000	41000		N
서울	노원구	공릉동	공릉8단지	2000	23	756	756	0	31	74	3	2	14	복	58000	29000	85	50%	78000	-26%	-11%	3%	1871	24%	66000	54000	48000	64000	58000		N
서울	노원구	공릉동	공릉9단지	2002	21	524	524	0	25	59	3	1	8	계	47000	25000	70	53%	63000	-25%	-12%	4%	1880	26%	56000	43000	39000	53000	48000		N
서울	노원구	공릉동	공릉10단지	1995	28	1452	1452	0	33	84	3	2	11	복	60000	30000	90	50%	80000	-25%	-11%	3%	1818	23%	68000	56000	49000	66000	60000		N
서울	노원구	공릉동	공릉11단지	2006	17	368	368	0	24	59	3	1	9	계	46000	25000	70	54%	62000	-26%	-12%	4%	1917	26%	55000	42000	38000	52000	47000		N
서울	노원구	공릉동	공릉12단지	1999	24	980	980	0	21	49	2	1	13	복	38000	20000	60	53%	51000	-25%	-10%	5%	1810	27%	45000	35000	32000	43000	39000		N
서울	노원구	공릉동	공릉13단지	2004	19	612	612	0	32	84	3	2	16	복	63000	32000	95	51%	84000	-25%	-11%	3%	1969	24%	71000	59000	52000	70000	64000		N
서울	노원구	공릉동	공릉14단지	1998	25	1130	1130	0	25	59	3	1	5	계	44000	23000	70	52%	59000	-25%	-12%	4%	1760	26%	54000	40000	37000	51000	46000		N
서울	노원구	공릉동	공릉15단지	2001	22	845	845	0	27	64	3	1	12	계	50000	26000	75	52%	67000	-25%	-12%	4%	1852	25%	59000	46000	42000	57000	52000		N
서울	노원구	공릉동	공릉16단지	1997	26	1265	1265	0	34	84	3	2	15	복	59000	29000	90	49%	79000	-25%	-11%	3%	1735	23%	67000	55000	48000	65000	59000		N
서울	노원구	공릉동	공릉17단지	2003	20	472	472	0	22	51	2	1	7	계	41000	22000	65	54%	55000	-25%	-10%	5%	1864	27%	48000	38000	35000	46000	42000		N
서울	노원구	공릉동	공릉18단지	2000	23	698	698	0	31	74	3	2	10	복	57000	28000	85	49%	76000	-25%	-11%	3%	1839	24%	65000	53000	47000	63000	57000		N
서울	노원구	공릉동	공릉19단지	1996	27	1388	1388	0	24	59	3	1	14	계	43000	23000	70	53%	58000	-26%	-12%	4%	1792	26%	52000	39000	36000	50000	45000		N
서울	노원구	공릉동	공릉20단지	2005	18	534	534	0	32	84	3	2	11	복	64000	32000	95	50%	85000	-25%	-11%	3%	2000	24%	72000	60000	53000	71000	65000		N
서울	노원구	공릉동	공릉1단지	1999	24	1541	1541	0	24	59	3	1	5	계	45000	24000	70	53%	61000	-26%	-12%	4%	1875	26%	55000	41000	38000	52000	47000		N
서울	노원구	공릉동	공릉2단지	2001	22	1205	1205	0	32	84	3	2	9	복	62000	31000	90	50%	83000	-25%	-11%	3%	1938	24%	70000	58000	51000	69000	63000		N
서울	노원구	공릉동	공릉3단지	1998	25	892	892	0	21	49	2	1	12	복	39000	21000	60	54%	52000	-25%	-10%	5%	1857	27%	46000	36000	33000	44000	40000		N
서울	노원구	공릉동	공릉4단지	2003	20	615	615	0	25	59	3	1	7	계	48000	26000	75	54%	64000	-25%	-13%	4%	1920	25%	57000	44000	40000	55000	50000		N
서울	노원구	공릉동	공릉5단지	1997	26	1320	1320	0	34	84	3	2	15	복	61000	30000	95	49%	82000	-26%	-11%	3%	1794	23%	69000	57000	50000	67000	61000		N
서울	노원구	공릉동	공릉6단지	2005	18	438	438	0	27	64	3	1	10	계	52000	27000	80	52%	69000	-25%	-12%	4%	1926	25%	61000	48000	44000	59000	54000		N
서울	노원구	공릉동	공릉7단지	1996	27	1086	1086	0	22	51	2	1	6	계	40000	22000	65	55%	53000	-25%	-10%	5%	1818	27%	47000	37000	34000	45000	41000		N
서울	노원구	공릉동	공릉8단지	2000	23	756	756	0	31	74	3	2	14	복	58000	29000	85	50%	78000	-26%	-11%	3%	1871	24%	66000	54000	48000	64000	58000		N
서울	노원구	공릉동	공릉9단지	2002	21	524	524	0	25	59	3	1	8	계	47000	25000	70	53%	63000	-25%	-12%	4%	1880	26%	56000	43000	39000	53000	48000		N
서울	노원구	공릉동	공릉10단지	1995	28	1452	1452	0	33	84	3	2	11	복	60000	30000	90	50%	80000	-25%	-11%	3%	1818	23%	68000	56000	49000	66000	60000		N
서울	노원구	공릉동	공릉11단지	2006	17	368	368	0	24	59	3	1	9	계	46000	25000	70	54%	62000	-26%	-12%	4%	1917	26%	55000	42000	38000	52000	47000		N
서울	노원구	공릉동	공릉12단지	1999	24	980	980	0	21	49	2	1	13	복	38000	20000	60	53%	51000	-25%	-10%	5%	1810	27%	45000	35000	32000	43000	39000		N
서울	노원구	공릉동	공릉13단지	2004	19	612	612	0	32	84	3	2	16	복	63000	32000	95	51%	84000	-25%	-11%	3%	1969	24%	71000	59000	52000	70000	64000		N
서울	노원구	공릉동	공릉14단지	1998	25	1130	1130	0	25	59	3	1	5	계	44000	23000	70	52%	59000	-25%	-12%	4%	1760	26%	54000	40000	37000	51000	46000		N
서울	노원구	공릉동	공릉15단지	2001	22	845	845	0	27	64	3	1	12	계	50000	26000	75	52%	67000	-25%	-12%	4%	1852	25%	59000	46000	42000	57000	52000		N
서울	노원구	공릉동	공릉16단지	1997	26	1265	1265	0	34	84	3	2	15	복	59000	29000	90	49%	79000	-25%	-11%	3%	1735	23%	67000	55000	48000	65000	59000		N
서울	노원구	공릉동	공릉17단지	2003	20	472	472	0	22	51	2	1	7	계	41000	22000	65	54%	55000	-25%	-10%	5%	1864	27%	48000	38000	35000	46000	42000		N
서울	노원구	공릉동	공릉18단지	2000	23	698	698	0	31	74	3	2	10	복	57000	28000	85	49%	76000	-25%	-11%	3%	1839	24%	65000	53000	47000	63000	57000		N
서울	노원구	공릉동	공릉19단지	1996	27	1388	1388	0	24	59	3	1	14	계	43000	23000	70	53%	58000	-26%	-12%	4%	1792	26%	52000	39000	36000	50000	45000		N
서울	노원구	공릉동	공릉20단지	2005	18	534	534	0	32	84	3	2	11	복	64000	32000	95	50%	85000	-25%	-11%	3%	2000	24%	72000	60000	53000	71000	65000		N
서울	노원구	공릉동	공릉1단지	1999	24	1541	1541	0	24	59	3	1	5	계	45000	24000	70	53%	61000	-26%	-12%	4%	1875	26%	55000	41000	38000	52000	47000		N
서울	노원구	공릉동	공릉2단지	2001	22	1205	1205	0	32	84	3	2	9	복	62000	31000	90	50%	83000	-25%	-11%	3%	1938	24%	70000	58000	51000	69000	63000		N
서울	노원구	공릉동	공릉3단지	1998	25	892	892	0	21	49	2	1	12	복	39000	21000	60	54%	52000	-25%	-10%	5%	1857	27%	46000	36000	33000	44000	40000		N
서울	노원구	공릉동	공릉4단지	2003	20	615	615	0	25	59	3	1	7	계	48000	26000	75	54%	64000	-25%	-13%	4%	1920	25%	57000	44000	40000	55000	50000		N
서울	노원구	공릉동	공릉5단지	1997	26	1320	1320	0	34	84	3	2	15	복	61000	30000	95	49%	82000	-26%	-11%	3%	1794	23%	69000	57000	50000	67000	61000		N
서울	노원구	공릉동	공릉6단지	2005	18	438	438	0	27	64	3	1	10	계	52000	27000	80	52%	69000	-25%	-12%	4%	1926	25%	61000	48000	44000	59000	54000		N
서울	노원구	공릉동	공릉7단지	1996	27	1086	1086	0	22	51	2	1	6	계	40000	22000	65	55%	53000	-25%	-10%	5%	1818	27%	47000	37000	34000	45000	41000		N
서울	노원구	공릉동	공릉8단지	2000	23	756	756	0	31	74	3	2	14	복	58000	29000	85	50%	78000	-26%	-11%	3%	1871	24%	66000	54000	48000	64000	58000		N
서울	노원구	공릉동	공릉9단지	2002	21	524	524	0	25	59	3	1	8	계	47000	25000	70	53%	63000	-25%	-12%	4%	1880	26%	56000	43000	39000	53000	48000		N
서울	노원구	공릉동	공릉10단지	1995	28	1452	1452	0	33	84	3	2	11	복	60000	30000	90	50%	80000	-25%	-11%	3%	1818	23%	68000	56000	49000	66000	60000		N
서울	노원구	공릉동	공릉11단지	2006	17	368	368	0	24	59	3	1	9	계	46000	25000	70	54%	62000	-26%	-12%	4%	1917	26%	55000	42000	38000	52000	47000		N
서울	노원구	공릉동	공릉12단지	1999	24	980	980	0	21	49	2	1	13	복	38000	20000	60	53%	51000	-25%	-10%	5%	1810	27%	45000	35000	32000	43000	39000		N
서울	노원구	공릉동	공릉13단지	2004	19	612	612	0	32	84	3	2	16	복	63000	32000	95	51%	84000	-25%	-11%	3%	1969	24%	71000	59000	52000	70000	64000		N
서울	노원구	공릉동	공릉14단지	1998	25	1130	1130	0	25	59	3	1	5	계	44000	23000	70	52%	59000	-25%	-12%	4%	1760	26%	54000	40000	37000	51000	46000		N
서울	노원구	공릉동	공릉15단지	2001	22	845	845	0	27	64	3	1	12	계	50000	26000	75	52%	67000	-25%	-12%	4%	1852	25%	59000	46000	42000	57000	52000		N
서울	노원구	공릉동	공릉16단지	1997	26	1265	1265	0	34	84	3	2	15	복	59000	29000	90	49%	79000	-25%	-11%	3%	1735	23%	67000	55000	48000	65000	59000		N
서울	노원구	공릉동	공릉17단지	2003	20	472	472	0	22	51	2	1	7	계	41000	22000	65	54%	55000	-25%	-10%	5%	1864	27%	48000	38000	35000	46000	42000		N
서울	노원구	공릉동	공릉18단지	2000	23	698	698	0	31	74	3	2	10	복	57000	28000	85	49%	76000	-25%	-11%	3%	1839	24%	65000	53000	47000	63000	57000		N
서울	노원구	공릉동	공릉19단지	1996	27	1388	1388	0	24	59	3	1	14	계	43000	23000	70	53%	58000	-26%	-12%	4%	1792	26%	52000	39000	36000	50000	45000		N
서울	노원구	공릉동	공릉20단지	2005	18	534	534	0	32	84	3	2	11	복	64000	32000	95	50%	85000	-25%	-11%	3%	2000	24%	72000	60000	53000	71000	65000		N
서울	노원구	공릉동	공릉1단지	1999	24	1541	1541	0	24	59	3	1	5	계	45000	24000	70	53%	61000	-26%	-12%	4%	1875	26%	55000	41000	38000	52000	47000		N
서울	노원구	공릉동	공릉2단지	2001	22	1205	1205	0	32	84	3	2	9	복	62000	31000	90	50%	83000	-25%	-11%	3%	1938	24%	70000	58000	51000	69000	63000		N
서울	노원구	공릉동	공릉3단지	1998	25	892	892	0	21	49	2	1	12	복	39000	21000	60	54%	52000	-25%	-10%	5%	1857	27%	46000	36000	33000	44000	40000		N
서울	노원구	공릉동	공릉4단지	2003	20	615	615	0	25	59	3	1	7	계	48000	26000	75	54%	64000	-25%	-13%	4%	1920	25%	57000	44000	40000	55000	50000		N
서울	노원구	공릉동	공릉5단지	1997	26	1320	1320	0	34	84	3	2	15	복	61000	30000	95	49%	82000	-26%	-11%	3%	1794	23%	69000	57000	50000	67000	61000		N
서울	노원구	공릉동	공릉6단지	2005	18	438	438	0	27	64	3	1	10	계	52000	27000	80	52%	69000	-25%	-12%	4%	1926	25%	61000	48000	44000	59000	54000		N
서울	노원구	공릉동	공릉7단지	1996	27	1086	1086	0	22	51	2	1	6	계	40000	22000	65	55%	53000	-25%	-10%	5%	1818	27%	47000	37000	34000	45000	41000		N
서울	노원구	공릉동	공릉8단지	2000	23	756	756	0	31	74	3	2	14	복	58000	29000	85	50%	78000	-26%	-11%	3%	1871	24%	66000	54000	48000	64000	58000		N
서울	노원구	공릉동	공릉9단지	2002	21	524	524	0	25	59	3	1	8	계	47000	25000	70	53%	63000	-25%	-12%	4%	1880	26%	56000	43000	39000	53000	48000		N
서울	노원구	공릉동	공릉10단지	1995	28	1452	1452	0	33	84	3	2	11	복	60000	30000	90	50%	80000	-25%	-11%	3%	1818	23%	68000	56000	49000	66000	60000		N
서울	노원구	공릉동	공릉11단지	2006	17	368	368	0	24	59	3	1	9	계	46000	25000	70	54%	62000	-26%	-12%	4%	1917	26%	55000	42000	38000	52000	47000		N
서울	노원구	공릉동	공릉12단지	1999	24	980	980	0	21	49	2	1	13	복	38000	20000	60	53%	51000	-25%	-10%	5%	1810	27%	45000	35000	32000	43000	39000		N
서울	노원구	공릉동	공릉13단지	2004	19	612	612	0	32	84	3	2	16	복	63000	32000	95	51%	84000	-25%	-11%	3%	1969	24%	71000	59000	52000	70000	64000		N
서울	노원구	공릉동	공릉14단지	1998	25	1130	1130	0	25	59	3	1	5	계	44000	23000	70	52%	59000	-25%	-12%	4%	1760	26%	54000	40000	37000	51000	46000		N
서울	노원구	공릉동	공릉15단지	2001	22	845	845	0	27	64	3	1	12	계	50000	26000	75	52%	67000	-25%	-12%	4%	1852	25%	59000	46000	42000	57000	52000		N
서울	노원구	공릉동	공릉16단지	1997	26	1265	1265	0	34	84	3	2	15	복	59000	29000	90	49%	79000	-25%	-11%	3%	1735	23%	67000	55000	48000	65000	59000		N
서울	노원구	공릉동	공릉17단지	2003	20	472	472	0	22	51	2	1	7	계	41000	22000	65	54%	55000	-25%	-10%	5%	1864	27%	48000	38000	35000	46000	42000		N
서울	노원구	공릉동	공릉18단지	2000	23	698	698	0	31	74	3	2	10	복	57000	28000	85	49%	76000	-25%	-11%	3%	1839	24%	65000	53000	47000	63000	57000		N
서울	노원구	공릉동	공릉19단지	1996	27	1388	1388	0	24	59	3	1	14	계	43000	23000	70	53%	58000	-26%	-12%	4%	1792	26%	52000	39000	36000	50000	45000		N
서울	노원구	공릉동	공릉20단지	2005	18	534	534	0	32	84	3	2	11	복	64000	32000	95	50%	85000	-25%	-11%	3%	2000	24%	72000	60000	53000	71000	65000		N
서울	노원구	공릉동	공릉1단지	1999	24	1541	1541	0	24	59	3	1	5	계	45000	24000	70	53%	61000	-26%	-12%	4%	1875	26%	55000	41000	38000	52000	47000		N
서울	노원구	공릉동	공릉2단지	2001	22	1205	1205	0	32	84	3	2	9	복	62000	31000	90	50%	83000	-25%	-11%	3%	1938	24%	70000	58000	51000	69000	63000		N
서울	노원구	공릉동	공릉3단지	1998	25	892	892	0	21	49	2	1	12	복	39000	21000	60	54%	52000	-25%	-10%	5%	1857	27%	46000	36000	33000	44000	40000		N
서울	노원구	공릉동	공릉4단지	2003	20	615	615	0	25	59	3	1	7	계	48000	26000	75	54%	64000	-25%	-13%	4%	1920	25%	57000	44000	40000	55000	50000		N
서울	노원구	공릉동	공릉5단지	1997	26	1320	1320	0	34	84	3	2	15	복	61000	30000	95	49%	82000	-26%	-11%	3%	1794	23%	69000	57000	50000	67000	61000		N
서울	노원구	공릉동	공릉6단지	2005	18	438	438	0	27	64	3	1	10	계	52000	27000	80	52%	69000	-25%	-12%	4%	1926	25%	61000	48000	44000	59000	54000		N
서울	노원구	공릉동	공릉7단지	1996	27	1086	1086	0	22	51	2	1	6	계	40000	22000	65	55%	53000	-25%	-10%	5%	1818	27%	47000	37000	34000	45000	41000		N
서울	노원구	공릉동	공릉8단지	2000	23	756	756	0	31	74	3	2	14	복	58000	29000	85	50%	78000	-26%	-11%	3%	1871	24%	66000	54000	48000	64000	58000		N
서울	노원구	공릉동	공릉9단지	2002	21	524	524	0	25	59	3	1	8	계	47000	25000	70	53%	63000	-25%	-12%	4%	1880	26%	56000	43000	39000	53000	48000		N
서울	노원구	공릉동	공릉10단지	1995	28	1452	1452	0	33	84	3	2	11	복	60000	30000	90	50%	80000	-25%	-11%	3%	1818	23%	68000	56000	49000	66000	60000		N
서울	노원구	공릉동	공릉11단지	2006	17	368	368	0	24	59	3	1	9	계	46000	25000	70	54%	62000	-26%	-12%	4%	1917	26%	55000	42000	38000	52000	47000		N
서울	노원구	공릉동	공릉12단지	1999	24	980	980	0	21	49	2	1	13	복	38000	20000	60	53%	51000	-25%	-10%	5%	1810	27%	45000	35000	32000	43000	39000		N
서울	노원구	공릉동	공릉13단지	2004	19	612	612	0	32	84	3	2	16	복	63000	32000	95	51%	84000	-25%	-11%	3%	1969	24%	71000	59000	52000	70000	64000		N
서울	노원구	공릉동	공릉14단지	1998	25	1130	1130	0	25	59	3	1	5	계	44000	23000	70	52%	59000	-25%	-12%	4%	1760	26%	54000	40000	37000	51000	46000		N
서울	노원구	공릉동	공릉15단지	2001	22	845	845	0	27	64	3	1	12	계	50000	26000	75	52%	67000	-25%	-12%	4%	1852	25%	59000	46000	42000	57000	52000		N
서울	노원구	공릉동	공릉16단지	1997	26	1265	1265	0	34	84	3	2	15	복	59000	29000	90	49%	79000	-25%	-11%	3%	1735	23%	67000	55000	48000	65000	59000		N
서울	노원구	공릉동	공릉17단지	2003	20	472	472	0	22	51	2	1	7	계	41000	22000	65	54%	55000	-25%	-10%	5%	1864	27%	48000	38000	35000	46000	42000		N
서울	노원구	공릉동	공릉18단지	2000	23	698	698	0	31	74	3	2	10	복	57000	28000	85	49%	76000	-25%	-11%	3%	1839	24%	65000	53000	47000	63000	57000		N
서울	노원구	공릉동	공릉19단지	1996	27	1388	1388	0	24	59	3	1	14	계	43000	23000	70	53%	58000	-26%	-12%	4%	1792	26%	52000	39000	36000	50000	45000		N
서울	노원구	공릉동	공릉20단지	2005	18	534	534	0	32	84	3	2	11	복	64000	32000	95	50%	85000	-25%	-11%	3%	2000	24%	72000	60000	53000	71000	65000		N
서울	노원구	공릉동	공릉1단지	1999	24	1541	1541	0	24	59	3	1	5	계	45000	24000	70	53%	61000	-26%	-12%	4%	1875	26%	55000	41000	38000	52000	47000		N
서울	노원구	공릉동	공릉2단지	2001	22	1205	1205	0	32	84	3	2	9	복	62000	31000	90	50%	83000	-25%	-11%	3%	1938	24%	70000	58000	51000	69000	63000		N
서울	노원구	공릉동	공릉3단지	1998	25	892	892	0	21	49	2	1	12	복	39000	21000	60	54%	52000	-25%	-10%	5%	1857	27%	46000	36000	33000	44000	40000		N
서울	노원구	공릉동	공릉4단지	2003	20	615	615	0	25	59	3	1	7	계	48000	26000	75	54%	64000	-25%	-13%	4%	1920	25%	57000	44000	40000	55000	50000		N
서울	노원구	공릉동	공릉5단지	1997	26	1320	1320	0	34	84	3	2	15	복	61000	30000	95	49%	82000	-26%	-11%	3%	1794	23%	69000	57000	50000	67000	61000		N
서울	노원구	공릉동	공릉6단지	2005	18	438	438	0	27	64	3	1	10	계	52000	27000	80	52%	69000	-25%	-12%	4%	1926	25%	61000	48000	44000	59000	54000		N
서울	노원구	공릉동	공릉7단지	1996	27	1086	1086	0	22	51	2	1	6	계	40000	22000	65	55%	53000	-25%	-10%	5%	1818	27%	47000	37000	34000	45000	41000		N
서울	노원구	공릉동	공릉8단지	2000	23	756	756	0	31	74	3	2	14	복	58000	29000	85	50%	78000	-26%	-11%	3%	1871	24%	66000	54000	48000	64000	58000		N
서울	노원구	공릉동	공릉9단지	2002	21	524	524	0	25	59	3	1	8	계	47000	25000	70	53%	63000	-25%	-12%	4%	1880	26%	56000	43000	39000	53000	48000		N
서울	노원구	공릉동	공릉10단지	1995	28	1452	1452	0	33	84	3	2	11	복	60000	30000	90	50%	80000	-25%	-11%	3%	1818	23%	68000	56000	49000	66000	60000		N
서울	노원구	공릉동	공릉11단지	2006	17	368	368	0	24	59	3	1	9	계	46000	25000	70	54%	62000	-26%	-12%	4%	1917	26%	55000	42000	38000	52000	47000		N
서울	노원구	공릉동	공릉12단지	1999	24	980	980	0	21	49	2	1	13	복	38000	20000	60	53%	51000	-25%	-10%	5%	1810	27%	45000	35000	32000	43000	39000		N
서울	노원구	공릉동	공릉13단지	2004	19	612	612	0	32	84	3	2	16	복	63000	32000	95	51%	84000	-25%	-11%	3%	1969	24%	71000	59000	52000	70000	64000		N
서울	노원구	공릉동	공릉14단지	1998	25	1130	1130	0	25	59	3	1	5	계	44000	23000	70	52%	59000	-25%	-12%	4%	1760	26%	54000	40000	37000	51000	46000		N
서울	노원구	공릉동	공릉15단지	2001	22	845	845	0	27	64	3	1	12	계	50000	26000	75	52%	67000	-25%	-12%	4%	1852	25%	59000	46000	42000	57000	52000		N
서울	노원구	공릉동	공릉16단지	1997	26	1265	1265	0	34	84	3	2	15	복	59000	29000	90	49%	79000	-25%	-11%	3%	1735	23%	67000	55000	48000	65000	59000		N
서울	노원구	공릉동	공릉17단지	2003	20	472	472	0	22	51	2	1	7	계	41000	22000	65	54%	55000	-25%	-10%	5%	1864	27%	48000	38000	35000	46000	42000		N
서울	노원구	공릉동	공릉18단지	2000	23	698	698	0	31	74	3	2	10	복	57000	28000	85	49%	76000	-25%	-11%	3%	1839	24%	65000	53000	47000	63000	57000		N
서울	노원구	공릉동	공릉19단지	1996	27	1388	1388	0	24	59	3	1	14	계	43000	23000	70	53%	58000	-26%	-12%	4%	1792	26%	52000	39000	36000	50000	45000		N
서울	노원구	공릉동	공릉20단지	2005	18	534	534	0	32	84	3	2	11	복	64000	32000	95	50%	85000	-25%	-11%	3%	2000	24%	72000	60000	53000	71000	65000		N
서울	노원구	공릉동	공릉1단지	1999	24	1541	1541	0	24	59	3	1	5	계	45000	24000	70	53%	61000	-26%	-12%	4%	1875	26%	55000	41000	38000	52000	47000		N
서울	노원구	공릉동	공릉2단지	2001	22	1205	1205	0	32	84	3	2	9	복	62000	31000	90	50%	83000	-25%	-11%	3%	1938	24%	70000	58000	51000	69000	63000		N
서울	노원구	공릉동	공릉3단지	1998	25	892	892	0	21	49	2	1	12	복	39000	21000	60	54%	52000	-25%	-10%	5%	1857	27%	46000	36000	33000	44000	40000		N
서울	노원구	공릉동	공릉4단지	2003	20	615	615	0	25	59	3	1	7	계	48000	26000	75	54%	64000	-25%	-13%	4%	1920	25%	57000	44000	40000	55000	50000		N
서울	노원구	공릉동	공릉5단지	1997	26	1320	1320	0	34	84	3	2	15	복	61000	30000	95	49%	82000	-26%	-11%	3%	1794	23%	69000	57000	50000	67000	61000		N
서울	노원구	공릉동	공릉6단지	2005	18	438	438	0	27	64	3	1	10	계	52000	27000	80	52%	69000	-25%	-12%	4%	1926	25%	61000	48000	44000	59000	54000		N
서울	노원구	공릉동	공릉7단지	1996	27	1086	1086	0	22	51	2	1	6	계	40000	22000	65	55%	53000	-25%	-10%	5%	1818	27%	47000	37000	34000	45000	41000		N
서울	노원구	공릉동	공릉8단지	2000	23	756	756	0	31	74	3	2	14	복	58000	29000	85	50%	78000	-26%	-11%	3%	1871	24%	66000	54000	48000	64000	58000		N
서울	노원구	공릉동	공릉9단지	2002	21	524	524	0	25	59	3	1	8	계	47000	25000	70	53%	63000	-25%	-12%	4%	1880	26%	56000	43000	39000	53000	48000		N
서울	노원구	공릉동	공릉10단지	1995	28	1452	1452	0	33	84	3	2	11	복	60000	30000	90	50%	80000	-25%	-11%	3%	1818	23%	68000	56000	49000	66000	60000		N
서울	노원구	공릉동	공릉11단지	2006	17	368	368	0	24	59	3	1	9	계	46000	25000	70	54%	62000	-26%	-12%	4%	1917	26%	55000	42000	38000	52000	47000		N
서울	노원구	공릉동	공릉12단지	1999	24	980	980	0	21	49	2	1	13	복	38000	20000	60	53%	51000	-25%	-10%	5%	1810	27%	45000	35000	32000	43000	39000		N
서울	노원구	공릉동	공릉13단지	2004	19	612	612	0	32	84	3	2	16	복	63000	32000	95	51%	84000	-25%	-11%	3%	1969	24%	71000	59000	52000	70000	64000		N
서울	노원구	공릉동	공릉14단지	1998	25	1130	1130	0	25	59	3	1	5	계	44000	23000	70	52%	59000	-25%	-12%	4%	1760	26%	54000	40000	37000	51000	46000		N
서울	노원구	공릉동	공릉15단지	2001	22	845	845	0	27	64	3	1	12	계	50000	26000	75	52%	67000	-25%	-12%	4%	1852	25%	59000	46000	42000	57000	52000		N
서울	노원구	공릉동	공릉16단지	1997	26	1265	1265	0	34	84	3	2	15	복	59000	29000	90	49%	79000	-25%	-11%	3%	1735	23%	67000	55000	48000	65000	59000		N
서울	노원구	공릉동	공릉17단지	2003	20	472	472	0	22	51	2	1	7	계	41000	22000	65	54%	55000	-25%	-10%	5%	1864	27%	48000	38000	35000	46000	42000		N
서울	노원구	공릉동	공릉18단지	2000	23	698	698	0	31	74	3	2	10	복	57000	28000	85	49%	76000	-25%	-11%	3%	1839	24%	65000	53000	47000	63000	57000		N
서울	노원구	공릉동	공릉19단지	1996	27	1388	1388	0	24	59	3	1	14	계	43000	23000	70	53%	58000	-26%	-12%	4%	1792	26%	52000	39000	36000	50000	45000		N
서울	노원구	공릉동	공릉20단지	2005	18	534	534	0	32	84	3	2	11	복	64000	32000	95	50%	85000	-25%	-11%	3%	2000	24%	72000	60000	53000	71000	65000		N
서울	노원구	공릉동	공릉1단지	1999	24	1541	1541	0	24	59	3	1	5	계	45000	24000	70	53%	61000	-26%	-12%	4%	1875	26%	55000	41000	38000	52000	47000		N
서울	노원구	공릉동	공릉2단지	2001	22	1205	1205	0	32	84	3	2	9	복	62000	31000	90	50%	83000	-25%	-11%	3%	1938	24%	70000	58000	51000	69000	63000		N
서울	노원구	공릉동	공릉3단지	1998	25	892	892	0	21	49	2	1	12	복	39000	21000	60	54%	52000	-25%	-10%	5%	1857	27%	46000	36000	33000	44000	40000		N
서울	노원구	공릉동	공릉4단지	2003	20	615	615	0	25	59	3	1	7	계	48000	26000	75	54%	64000	-25%	-13%	4%	1920	25%	57000	44000	40000	55000	50000		N
서울	노원구	공릉동	공릉5단지	1997	26	1320	1320	0	34	84	3	2	15	복	61000	30000	95	49%	82000	-26%	-11%	3%	1794	23%	69000	57000	50000	67000	61000		N
서울	노원구	공릉동	공릉6단지	2005	18	438	438	0	27	64	3	1	10	계	52000	27000	80	52%	69000	-25%	-12%	4%	1926	25%	61000	48000	44000	59000	54000		N
서울	노원구	공릉동	공릉7단지	1996	27	1086	1086	0	22	51	2	1	6	계	40000	22000	65	55%	53000	-25%	-10%	5%	1818	27%	47000	37000	34000	45000	41000		N
서울	노원구	공릉동	공릉8단지	2000	23	756	756	0	31	74	3	2	14	복	58000	29000	85	50%	78000	-26%	-11%	3%	1871	24%	66000	54000	48000	64000	58000		N
서울	노원구	공릉동	공릉9단지	2002	21	524	524	0	25	59	3	1	8	계	47000	25000	70	53%	63000	-25%	-12%	4%	1880	26%	56000	43000	39000	53000	48000		N
서울	노원구	공릉동	공릉10단지	1995	28	1452	1452	0	33	84	3	2	11	복	60000	30000	90	50%	80000	-25%	-11%	3%	1818	23%	68000	56000	49000	66000	60000		N
서울	노원구	공릉동	공릉11단지	2006	17	368	368	0	24	59	3	1	9	계	46000	25000	70	54%	62000	-26%	-12%	4%	1917	26%	55000	42000	38000	52000	47000		N
서울	노원구	공릉동	공릉12단지	1999	24	980	980	0	21	49	2	1	13	복	38000	20000	60	53%	51000	-25%	-10%	5%	1810	27%	45000	35000	32000	43000	39000		N
서울	노원구	공릉동	공릉13단지	2004	19	612	612	0	32	84	3	2	16	복	63000	32000	95	51%	84000	-25%	-11%	3%	1969	24%	71000	59000	52000	70000	64000		N
서울	노원구	공릉동	공릉14단지	1998	25	1130	1130	0	25	59	3	1	5	계	44000	23000	70	52%	59000	-25%	-12%	4%	1760	26%	54000	40000	37000	51000	46000		N
서울	노원구	공릉동	공릉15단지	2001	22	845	845	0	27	64	3	1	12	계	50000	26000	75	52%	67000	-25%	-12%	4%	1852	25%	59000	46000	42000	57000	52000		N
서울	노원구	공릉동	공릉16단지	1997	26	1265	1265	0	34	84	3	2	15	복	59000	29000	90	49%	79000	-25%	-11%	3%	1735	23%	67000	55000	48000	65000	59000		N
서울	노원구	공릉동	공릉17단지	2003	20	472	472	0	22	51	2	1	7	계	41000	22000	65	54%	55000	-25%	-10%	5%	1864	27%	48000	38000	35000	46000	42000		N
서울	노원구	공릉동	공릉18단지	2000	23	698	698	0	31	74	3	2	10	복	57000	28000	85	49%	76000	-25%	-11%	3%	1839	24%	65000	53000	47000	63000	57000		N
서울	노원구	공릉동	공릉19단지	1996	27	1388	1388	0	24	59	3	1	14	계	43000	23000	70	53%	58000	-26%	-12%	4%	1792	26%	52000	39000	36000	50000	45000		N
서울	노원구	공릉동	공릉20단지	2005	18	534	534	0	32	84	3	2	11	복	64000	32000	95	50%	85000	-25%	-11%	3%	2000	24%	72000	60000	53000	71000	65000		N
서울	노원구	공릉동	공릉1단지	1999	24	1541	1541	0	24	59	3	1	5	계	45000	24000	70	53%	61000	-26%	-12%	4%	1875	26%	55000	41000	38000	52000	47000		N
서울	노원구	공릉동	공릉2단지	2001	22	1205	1205	0	32	84	3	2	9	복	62000	31000	90	50%	83000	-25%	-11%	3%	1938	24%	70000	58000	51000	69000	63000		N
서울	노원구	공릉동	공릉3단지	1998	25	892	892	0	21	49	2	1	12	복	39000	21000	60	54%	52000	-25%	-10%	5%	1857	27%	46000	36000	33000	44000	40000		N
서울	노원구	공릉동	공릉4단지	2003	20	615	615	0	25	59	3	1	7	계	48000	26000	75	54%	64000	-25%	-13%	4%	1920	25%	57000	44000	40000	55000	50000		N
서울	노원구	공릉동	공릉5단지	1997	26	1320	1320	0	34	84	3	2	15	복	61000	30000	95	49%	82000	-26%	-11%	3%	1794	23%	69000	57000	50000	67000	61000		N
서울	노원구	공릉동	공릉6단지	2005	18	438	438	0	27	64	3	1	10	계	52000	27000	80	52%	69000	-25%	-12%	4%	1926	25%	61000	48000	44000	59000	54000		N
서울	노원구	공릉동	공릉7단지	1996	27	1086	1086	0	22	51	2	1	6	계	40000	22000	65	55%	53000	-25%	-10%	5%	1818	27%	47000	37000	34000	45000	41000		N
서울	노원구	공릉동	공릉8단지	2000	23	756	756	0	31	74	3	2	14	복	58000	29000	85	50%	78000	-26%	-11%	3%	1871	24%	66000	54000	48000	64000	58000		N
서울	노원구	공릉동	공릉9단지	2002	21	524	524	0	25	59	3	1	8	계	47000	25000	70	53%	63000	-25%	-12%	4%	1880	26%	56000	43000	39000	53000	48000		N
서울	노원구	공릉동	공릉10단지	1995	28	1452	1452	0	33	84	3	2	11	복	60000	30000	90	50%	80000	-25%	-11%	3%	1818	23%	68000	56000	49000	66000	60000		N
서울	노원구	공릉동	공릉11단지	2006	17	368	368	0	24	59	3	1	9	계	46000	25000	70	54%	62000	-26%	-12%	4%	1917	26%	55000	42000	38000	52000	47000		N
서울	노원구	공릉동	공릉12단지	1999	24	980	980	0	21	49	2	1	13	복	38000	20000	60	53%	51000	-25%	-10%	5%	1810	27%	45000	35000	32000	43000	39000		N
서울	노원구	공릉동	공릉13단지	2004	19	612	612	0	32	84	3	2	16	복	63000	32000	95	51%	84000	-25%	-11%	3%	1969	24%	71000	59000	52000	70000	64000		N
서울	노원구	공릉동	공릉14단지	1998	25	1130	1130	0	25	59	3	1	5	계	44000	23000	70	52%	59000	-25%	-12%	4%	1760	26%	54000	40000	37000	51000	46000		N
서울	노원구	공릉동	공릉15단지	2001	22	845	845	0	27	64	3	1	12	계	50000	26000	75	52%	67000	-25%	-12%	4%	1852	25%	59000	46000	42000	57000	52000		N
서울	노원구	공릉동	공릉16단지	1997	26	1265	1265	0	34	84	3	2	15	복	59000	29000	90	49%	79000	-25%	-11%	3%	1735	23%	67000	55000	48000	65000	59000		N
서울	노원구	공릉동	공릉17단지	2003	20	472	472	0	22	51	2	1	7	계	41000	22000	65	54%	55000	-25%	-10%	5%	1864	27%	48000	38000	35000	46000	42000		N
서울	노원구	공릉동	공릉18단지	2000	23	698	698	0	31	74	3	2	10	복	57000	28000	85	49%	76000	-25%	-11%	3%	1839	24%	65000	53000	47000	63000	57000		N
서울	노원구	공릉동	공릉19단지	1996	27	1388	1388	0	24	59	3	1	14	계	43000	23000	70	53%	58000	-26%	-12%	4%	1792	26%	52000	39000	36000	50000	45000		N
서울	노원구	공릉동	공릉20단지	2005	18	534	534	0	32	84	3	2	11	복	64000	32000	95	50%	85000	-25%	-11%	3%	2000	24%	72000	60000	53000	71000	65000		N
서울	노원구	공릉동	공릉1단지	1999	24	1541	1541	0	24	59	3	1	5	계	45000	24000	70	53%	61000	-26%	-12%	4%	1875	26%	55000	41000	38000	52000	47000		N
서울	노원구	공릉동	공릉2단지	2001	22	1205	1205	0	32	84	3	2	9	복	62000	31000	90	50%	83000	-25%	-11%	3%	1938	24%	70000	58000	51000	69000	63000		N
서울	노원구	공릉동	공릉3단지	1998	25	892	892	0	21	49	2	1	12	복	39000	21000	60	54%	52000	-25%	-10%	5%	1857	27%	46000	36000	33000	44000	40000		N
서울	노원구	공릉동	공릉4단지	2003	20	615	615	0	25	59	3	1	7	계	48000	26000	75	54%	64000	-25%	-13%	4%	1920	25%	57000	44000	40000	55000	50000		N
서울	노원구	공릉동	공릉5단지	1997	26	1320	1320	0	34	84	3	2	15	복	61000	30000	95	49%	82000	-26%	-11%	3%	1794	23%	69000	57000	50000	67000	61000		N
서울	노원구	공릉동	공릉6단지	2005	18	438	438	0	27	64	3	1	10	계	52000	27000	80	52%	69000	-25%	-12%	4%	1926	25%	61000	48000	44000	59000	54000		N
서울	노원구	공릉동	공릉7단지	1996	27	1086	1086	0	22	51	2	1	6	계	40000	22000	65	55%	53000	-25%	-10%	5%	1818	27%	47000	37000	34000	45000	41000		N
서울	노원구	공릉동	공릉8단지	2000	23	756	756	0	31	74	3	2	14	복	58000	29000	85	50%	78000	-26%	-11%	3%	1871	24%	66000	54000	48000	64000	58000		N
서울	노원구	공릉동	공릉9단지	2002	21	524	524	0	25	59	3	1	8	계	47000	25000	70	53%	63000	-25%	-12%	4%	1880	26%	56000	43000	39000	53000	48000		N
서울	노원구	공릉동	공릉10단지	1995	28	1452	1452	0	33	84	3	2	11	복	60000	30000	90	50%	80000	-25%	-11%	3%	1818	23%	68000	56000	49000	66000	60000		N
서울	노원구	공릉동	공릉11단지	2006	17	368	368	0	24	59	3	1	9	계	46000	25000	70	54%	62000	-26%	-12%	4%	1917	26%	55000	42000	38000	52000	47000		N
서울	노원구	공릉동	공릉12단지	1999	24	980	980	0	21	49	2	1	13	복	38000	20000	60	53%	51000	-25%	-10%	5%	1810	27%	45000	35000	32000	43000	39000		N
서울	노원구	공릉동	공릉13단지	2004	19	612	612	0	32	84	3	2	16	복	63000	32000	95	51%	84000	-25%	-11%	3%	1969	24%	71000	59000	52000	70000	64000		N
서울	노원구	공릉동	공릉14단지	1998	25	1130	1130	0	25	59	3	1	5	계	44000	23000	70	52%	59000	-25%	-12%	4%	1760	26%	54000	40000	37000	51000	46000		N
서울	노원구	공릉동	공릉15단지	2001	22	845	845	0	27	64	3	1	12	계	50000	26000	75	52%	67000	-25%	-12%	4%	1852	25%	59000	46000	42000	57000	52000		N
서울	노원구	공릉동	공릉16단지	1997	26	1265	1265	0	34	84	3	2	15	복	59000	29000	90	49%	79000	-25%	-11%	3%	1735	23%	67000	55000	48000	65000	59000		N
서울	노원구	공릉동	공릉17단지	2003	20	472	472	0	22	51	2	1	7	계	41000	22000	65	54%	55000	-25%	-10%	5%	1864	27%	48000	38000	35000	46000	42000		N
서울	노원구	공릉동	공릉18단지	2000	23	698	698	0	31	74	3	2	10	복	57000	28000	85	49%	76000	-25%	-11%	3%	1839	24%	65000	53000	47000	63000	57000		N
서울	노원구	공릉동	공릉19단지	1996	27	1388	1388	0	24	59	3	1	14	계	43000	23000	70	53%	58000	-26%	-12%	4%	1792	26%	52000	39000	36000	50000	45000		N
서울	노원구	공릉동	공릉20단지	2005	18	534	534	0	32	84	3	2	11	복	64000	32000	95	50%	85000	-25%	-11%	3%	2000	24%	72000	60000	53000	71000	65000		N
서울	노원구	공릉동	공릉1단지	1999	24	1541	1541	0	24	59	3	1	5	계	45000	24000	70	53%	61000	-26%	-12%	4%	1875	26%	55000	41000	38000	52000	47000		N
서울	노원구	공릉동	공릉2단지	2001	22	1205	1205	0	32	84	3	2	9	복	62000	31000	90	50%	83000	-25%	-11%	3%	1938	24%	70000	58000	51000	69000	63000		N
서울	노원구	공릉동	공릉3단지	1998	25	892	892	0	21	49	2	1	12	복	39000	21000	60	54%	52000	-25%	-10%	5%	1857	27%	46000	36000	33000	44000	40000		N
서울	노원구	공릉동	공릉4단지	2003	20	615	615	0	25	59	3	1	7	계	48000	26000	75	54%	64000	-25%	-13%	4%	1920	25%	57000	44000	40000	55000	50000		N
서울	노원구	공릉동	공릉5단지	1997	26	1320	1320	0	34	84	3	2	15	복	61000	30000	95	49%	82000	-26%	-11%	3%	1794	23%	69000	57000	50000	67000	61000		N
서울	노원구	공릉동	공릉6단지	2005	18	438	438	0	27	64	3	1	10	계	52000	27000	80	52%	69000	-25%	-12%	4%	1926	25%	61000	48000	44000	59000	54000		N
서울	노원구	공릉동	공릉7단지	1996	27	1086	1086	0	22	51	2	1	6	계	40000	22000	65	55%	53000	-25%	-10%	5%	1818	27%	47000	37000	34000	45000	41000		N
서울	노원구	공릉동	공릉8단지	2000	23	756	756	0	31	74	3	2	14	복	58000	29000	85	50%	78000	-26%	-11%	3%	1871	24%	66000	54000	48000	64000	58000		N
서울	노원구	공릉동	공릉9단지	2002	21	524	524	0	25	59	3	1	8	계	47000	25000	70	53%	63000	-25%	-12%	4%	1880	26%	56000	43000	39000	53000	48000		N
서울	노원구	공릉동	공릉10단지	1995	28	1452	1452	0	33	84	3	2	11	복	60000	30000	90	50%	80000	-25%	-11%	3%	1818	23%	68000	56000	49000	66000	60000		N
서울	노원구	공릉동	공릉11단지	2006	17	368	368	0	24	59	3	1	9	계	46000	25000	70	54%	62000	-26%	-12%	4%	1917	26%	55000	42000	38000	52000	47000		N
서울	노원구	공릉동	공릉12단지	1999	24	980	980	0	21	49	2	1	13	복	38000	20000	60	53%	51000	-25%	-10%	5%	1810	27%	45000	35000	32000	43000	39000		N
서울	노원구	공릉동	공릉13단지	2004	19	612	612	0	32	84	3	2	16	복	63000	32000	95	51%	84000	-25%	-11%	3%	1969	24%	71000	59000	52000	70000	64000		N
서울	노원구	공릉동	공릉14단지	1998	25	1130	1130	0	25	59	3	1	5	계	44000	23000	70	52%	59000	-25%	-12%	4%	1760	26%	54000	40000	37000	51000	46000		N
서울	노원구	공릉동	공릉15단지	2001	22	845	845	0	27	64	3	1	12	계	50000	26000	75	52%	67000	-25%	-12%	4%	1852	25%	59000	46000	42000	57000	52000		N
서울	노원구	공릉동	공릉16단지	1997	26	1265	1265	0	34	84	3	2	15	복	59000	29000	90	49%	79000	-25%	-11%	3%	1735	23%	67000	55000	48000	65000	59000		N
서울	노원구	공릉동	공릉17단지	2003	20	472	472	0	22	51	2	1	7	계	41000	22000	65	54%	55000	-25%	-10%	5%	1864	27%	48000	38000	35000	46000	42000		N
서울	노원구	공릉동	공릉18단지	2000	23	698	698	0	31	74	3	2	10	복	57000	28000	85	49%	76000	-25%	-11%	3%	1839	24%	65000	53000	47000	63000	57000		N
서울	노원구	공릉동	공릉19단지	1996	27	1388	1388	0	24	59	3	1	14	계	43000	23000	70	53%	58000	-26%	-12%	4%	1792	26%	52000	39000	36000	50000	45000		N
서울	노원구	공릉동	공릉20단지	2005	18	534	534	0	32	84	3	2	11	복	64000	32000	95	50%	85000	-25%	-11%	3%	2000	24%	72000	60000	53000	71000	65000		N
서울	노원구	공릉동	공릉1단지	1999	24	1541	1541	0	24	59	3	1	5	계	45000	24000	70	53%	61000	-26%	-12%	4%	1875	26%	55000	41000	38000	52000	47000		N
서울	노원구	공릉동	공릉2단지	2001	22	1205	1205	0	32	84	3	2	9	복	62000	31000	90	50%	83000	-25%	-11%	3%	1938	24%	70000	58000	51000	69000	63000		N
서울	노원구	공릉동	공릉3단지	1998	25	892	892	0	21	49	2	1	12	복	39000	21000	60	54%	52000	-25%	-10%	5%	1857	27%	46000	36000	33000	44000	40000		N
서울	노원구	공릉동	공릉4단지	2003	20	615	615	0	25	59	3	1	7	계	48000	26000	75	54%	64000	-25%	-13%	4%	1920	25%	57000	44000	40000	55000	50000		N
서울	노원구	공릉동	공릉5단지	1997	26	1320	1320	0	34	84	3	2	15	복	61000	30000	95	49%	82000	-26%	-11%	3%	1794	23%	69000	57000	50000	67000	61000		N
서울	노원구	공릉동	공릉6단지	2005	18	438	438	0	27	64	3	1	10	계	52000	27000	80	52%	69000	-25%	-12%	4%	1926	25%	61000	48000	44000	59000	54000		N
서울	노원구	공릉동	공릉7단지	1996	27	1086	1086	0	22	51	2	1	6	계	40000	22000	65	55%	53000	-25%	-10%	5%	1818	27%	47000	37000	34000	45000	41000		N
서울	노원구	공릉동	공릉8단지	2000	23	756	756	0	31	74	3	2	14	복	58000	29000	85	50%	78000	-26%	-11%	3%	1871	24%	66000	54000	48000	64000	58000		N
서울	노원구	공릉동	공릉9단지	2002	21	524	524	0	25	59	3	1	8	계	47000	25000	70	53%	63000	-25%	-12%	4%	1880	26%	56000	43000	39000	53000	48000		N
서울	노원구	공릉동	공릉10단지	1995	28	1452	1452	0	33	84	3	2	11	복	60000	30000	90	50%	80000	-25%	-11%	3%	1818	23%	68000	56000	49000	66000	60000		N
서울	노원구	공릉동	공릉11단지	2006	17	368	368	0	24	59	3	1	9	계	46000	25000	70	54%	62000	-26%	-12%	4%	1917	26%	55000	42000	38000	52000	47000		N
서울	노원구	공릉동	공릉12단지	1999	24	980	980	0	21	49	2	1	13	복	38000	20000	60	53%	51000	-25%	-10%	5%	1810	27%	45000	35000	32000	43000	39000		N
서울	노원구	공릉동	공릉13단지	2004	19	612	612	0	32	84	3	2	16	복	63000	32000	95	51%	84000	-25%	-11%	3%	1969	24%	71000	59000	52000	70000	64000		N
서울	노원구	공릉동	공릉14단지	1998	25	1130	1130	0	25	59	3	1	5	계	44000	23000	70	52%	59000	-25%	-12%	4%	1760	26%	54000	40000	37000	51000	46000		N
서울	노원구	공릉동	공릉15단지	2001	22	845	845	0	27	64	3	1	12	계	50000	26000	75	52%	67000	-25%	-12%	4%	1852	25%	59000	46000	42000	57000	52000		N
서울	노원구	공릉동	공릉16단지	1997	26	1265	1265	0	34	84	3	2	15	복	59000	29000	90	49%	79000	-25%	-11%	3%	1735	23%	67000	55000	48000	65000	59000		N
서울	노원구	공릉동	공릉17단지	2003	20	472	472	0	22	51	2	1	7	계	41000	22000	65	54%	55000	-25%	-10%	5%	1864	27%	48000	38000	35000	46000	42000		N
서울	노원구	공릉동	공릉18단지	2000	23	698	698	0	31	74	3	2	10	복	57000	28000	85	49%	76000	-25%	-11%	3%	1839	24%	65000	53000	47000	63000	57000		N
서울	노원구	공릉동	공릉19단지	1996	27	1388	1388	0	24	59	3	1	14	계	43000	23000	70	53%	58000	-26%	-12%	4%	1792	26%	52000	39000	36000	50000	45000		N
서울	노원구	공릉동	공릉20단지	2005	18	534	534	0	32	84	3	2	11	복	64000	32000	95	50%	85000	-25%	-11%	3%	2000	24%	72000	60000	53000	71000	65000		N
서울	노원구	공릉동	공릉1단지	1999	24	1541	1541	0	24	59	3	1	5	계	45000	24000	70	53%	61000	-26%	-12%	4%	1875	26%	55000	41000	38000	52000	47000		N
서울	노원구	공릉동	공릉2단지	2001	22	1205	1205	0	32	84	3	2	9	복	62000	31000	90	50%	83000	-25%	-11%	3%	1938	24%	70000	58000	51000	69000	63000		N
서울	노원구	공릉동	공릉3단지	1998	25	892	892	0	21	49	2	1	12	복	39000	21000	60	54%	52000	-25%	-10%	5%	1857	27%	46000	36000	33000	44000	40000		N
서울	노원구	공릉동	공릉4단지	2003	20	615	615	0	25	59	3	1	7	계	48000	26000	75	54%	64000	-25%	-13%	4%	1920	25%	57000	44000	40000	55000	50000		N
서울	노원구	공릉동	공릉5단지	1997	26	1320	1320	0	34	84	3	2	15	복	61000	30000	95	49%	82000	-26%	-11%	3%	1794	23%	69000	57000	50000	67000	61000		N
서울	노원구	공릉동	공릉6단지	2005	18	438	438	0	27	64	3	1	10	계	52000	27000	80	52%	69000	-25%	-12%	4%	1926	25%	61000	48000	44000	59000	54000		N
서울	노원구	공릉동	공릉7단지	1996	27	1086	1086	0	22	51	2	1	6	계	40000	22000	65	55%	53000	-25%	-10%	5%	1818	27%	47000	37000	34000	45000	41000		N
서울	노원구	공릉동	공릉8단지	2000	23	756	756	0	31	74	3	2	14	복	58000	29000	85	50%	78000	-26%	-11%	3%	1871	24%	66000	54000	48000	64000	58000		N
서울	노원구	공릉동	공릉9단지	2002	21	524	524	0	25	59	3	1	8	계	47000	25000	70	53%	63000	-25%	-12%	4%	1880	26%	56000	43000	39000	53000	48000		N
서울	노원구	공릉동	공릉10단지	1995	28	1452	1452	0	33	84	3	2	11	복	60000	30000	90	50%	80000	-25%	-11%	3%	1818	23%	68000	56000	49000	66000	60000		N
서울	노원구	공릉동	공릉11단지	2006	17	368	368	0	24	59	3	1	9	계	46000	25000	70	54%	62000	-26%	-12%	4%	1917	26%	55000	42000	38000	52000	47000		N
서울	노원구	공릉동	공릉12단지	1999	24	980	980	0	21	49	2	1	13	복	38000	20000	60	53%	51000	-25%	-10%	5%	1810	27%	45000	35000	32000	43000	39000		N
서울	노원구	공릉동	공릉13단지	2004	19	612	612	0	32	84	3	2	16	복	63000	32000	95	51%	84000	-25%	-11%	3%	1969	24%	71000	59000	52000	70000	64000		N
서울	노원구	공릉동	공릉14단지	1998	25	1130	1130	0	25	59	3	1	5	계	44000	23000	70	52%	59000	-25%	-12%	4%	1760	26%	54000	40000	37000	51000	46000		N
서울	노원구	공릉동	공릉15단지	2001	22	845	845	0	27	64	3	1	12	계	50000	26000	75	52%	67000	-25%	-12%	4%	1852	25%	59000	46000	42000	57000	52000		N
서울	노원구	공릉동	공릉16단지	1997	26	1265	1265	0	34	84	3	2	15	복	59000	29000	90	49%	79000	-25%	-11%	3%	1735	23%	67000	55000	48000	65000	59000		N
서울	노원구	공릉동	공릉17단지	2003	20	472	472	0	22	51	2	1	7	계	41000	22000	65	54%	55000	-25%	-10%	5%	1864	27%	48000	38000	35000	46000	42000		N
서울	노원구	공릉동	공릉18단지	2000	23	698	698	0	31	74	3	2	10	복	57000	28000	85	49%	76000	-25%	-11%	3%	1839	24%	65000	53000	47000	63000	57000		N
서울	노원구	공릉동	공릉19단지	1996	27	1388	1388	0	24	59	3	1	14	계	43000	23000	70	53%	58000	-26%	-12%	4%	1792	26%	52000	39000	36000	50000	45000		N
서울	노원구	공릉동	공릉20단지	2005	18	534	534	0	32	84	3	2	11	복	64000	32000	95	50%	85000	-25%	-11%	3%	2000	24%	72000	60000	53000	71000	65000		N
서울	노원구	공릉동	공릉1단지	1999	24	1541	1541	0	24	59	3	1	5	계	45000	24000	70	53%	61000	-26%	-12%	4%	1875	26%	55000	41000	38000	52000	47000		N
서울	노원구	공릉동	공릉2단지	2001	22	1205	1205	0	32	84	3	2	9	복	62000	31000	90	50%	83000	-25%	-11%	3%	1938	24%	70000	58000	51000	69000	63000		N
서울	노원구	공릉동	공릉3단지	1998	25	892	892	0	21	49	2	1	12	복	39000	21000	60	54%	52000	-25%	-10%	5%	1857	27%	46000	36000	33000	44000	40000		N
서울	노원구	공릉동	공릉4단지	2003	20	615	615	0	25	59	3	1	7	계	48000	26000	75	54%	64000	-25%	-13%	4%	1920	25%	57000	44000	40000	55000	50000		N
서울	노원구	공릉동	공릉5단지	1997	26	1320	1320	0	34	84	3	2	15	복	61000	30000	95	49%	82000	-26%	-11%	3%	1794	23%	69000	57000	50000	67000	61000		N
서울	노원구	공릉동	공릉6단지	2005	18	438	438	0	27	64	3	1	10	계	52000	27000	80	52%	69000	-25%	-12%	4%	1926	25%	61000	48000	44000	59000	54000		N
서울	노원구	공릉동	공릉7단지	1996	27	1086	1086	0	22	51	2	1	6	계	40000	22000	65	55%	53000	-25%	-10%	5%	1818	27%	47000	37000	34000	45000	41000		N
서울	노원구	공릉동	공릉8단지	2000	23	756	756	0	31	74	3	2	14	복	58000	29000	85	50%	78000	-26%	-11%	3%	1871	24%	66000	54000	48000	64000	58000		N
서울	노원구	공릉동	공릉9단지	2002	21	524	524	0	25	59	3	1	8	계	47000	25000	70	53%	63000	-25%	-12%	4%	1880	26%	56000	43000	39000	53000	48000		N
서울	노원구	공릉동	공릉10단지	1995	28	1452	1452	0	33	84	3	2	11	복	60000	30000	90	50%	80000	-25%	-11%	3%	1818	23%	68000	56000	49000	66000	60000		N
서울	노원구	공릉동	공릉11단지	2006	17	368	368	0	24	59	3	1	9	계	46000	25000	70	54%	62000	-26%	-12%	4%	1917	26%	55000	42000	38000	52000	47000		N
서울	노원구	공릉동	공릉12단지	1999	24	980	980	0	21	49	2	1	13	복	38000	20000	60	53%	51000	-25%	-10%	5%	1810	27%	45000	35000	32000	43000	39000		N
서울	노원구	공릉동	공릉13단지	2004	19	612	612	0	32	84	3	2	16	복	63000	32000	95	51%	84000	-25%	-11%	3%	1969	24%	71000	59000	52000	70000	64000		N
서울	노원구	공릉동	공릉14단지	1998	25	1130	1130	0	25	59	3	1	5	계	44000	23000	70	52%	59000	-25%	-12%	4%	1760	26%	54000	40000	37000	51000	46000		N
서울	노원구	공릉동	공릉15단지	2001	22	845	845	0	27	64	3	1	12	계	50000	26000	75	52%	67000	-25%	-12%	4%	1852	25%	59000	46000	42000	57000	52000		N
서울	노원구	공릉동	공릉16단지	1997	26	1265	1265	0	34	84	3	2	15	복	59000	29000	90	49%	79000	-25%	-11%	3%	1735	23%	67000	55000	48000	65000	59000		N
서울	노원구	공릉동	공릉17단지	2003	20	472	472	0	22	51	2	1	7	계	41000	22000	65	54%	55000	-25%	-10%	5%	1864	27%	48000	38000	35000	46000	42000		N
서울	노원구	공릉동	공릉18단지	2000	23	698	698	0	31	74	3	2	10	복	57000	28000	85	49%	76000	-25%	-11%	3%	1839	24%	65000	53000	47000	63000	57000		N
서울	노원구	공릉동	공릉19단지	1996	27	1388	1388	0	24	59	3	1	14	계	43000	23000	70	53%	58000	-26%	-12%	4%	1792	26%	52000	39000	36000	50000	45000		N
서울	노원구	공릉동	공릉20단지	2005	18	534	534	0	32	84	3	2	11	복	64000	32000	95	50%	85000	-25%	-11%	3%	2000	24%	72000	60000	53000	71000	65000		N
서울	노원구	공릉동	공릉1단지	1999	24	1541	1541	0	24	59	3	1	5	계	45000	24000	70	53%	61000	-26%	-12%	4%	1875	26%	55000	41000	38000	52000	47000		N
서울	노원구	공릉동	공릉2단지	2001	22	1205	1205	0	32	84	3	2	9	복	62000	31000	90	50%	83000	-25%	-11%	3%	1938	24%	70000	58000	51000	69000	63000		N
서울	노원구	공릉동	공릉3단지	1998	25	892	892	0	21	49	2	1	12	복	39000	21000	60	54%	52000	-25%	-10%	5%	1857	27%	46000	36000	33000	44000	40000		N
서울	노원구	공릉동	공릉4단지	2003	20	615	615	0	25	59	3	1	7	계	48000	26000	75	54%	64000	-25%	-13%	4%	1920	25%	57000	44000	40000	55000	50000		N
서울	노원구	공릉동	공릉5단지	1997	26	1320	1320	0	34	84	3	2	15	복	61000	30000	95	49%	82000	-26%	-11%	3%	1794	23%	69000	57000	50000	67000	61000		N
서울	노원구	공릉동	공릉6단지	2005	18	438	438	0	27	64	3	1	10	계	52000	27000	80	52%	69000	-25%	-12%	4%	1926	25%	61000	48000	44000	59000	54000		N
서울	노원구	공릉동	공릉7단지	1996	27	1086	1086	0	22	51	2	1	6	계	40000	22000	65	55%	53000	-25%	-10%	5%	1818	27%	47000	37000	34000	45000	41000		N
서울	노원구	공릉동	공릉8단지	2000	23	756	756	0	31	74	3	2	14	복	58000	29000	85	50%	78000	-26%	-11%	3%	1871	24%	66000	54000	48000	64000	58000		N
서울	노원구	공릉동	공릉9단지	2002	21	524	524	0	25	59	3	1	8	계	47000	25000	70	53%	63000	-25%	-12%	4%	1880	26%	56000	43000	39000	53000	48000		N
서울	노원구	공릉동	공릉10단지	1995	28	1452	1452	0	33	84	3	2	11	복	60000	30000	90	50%	80000	-25%	-11%	3%	1818	23%	68000	56000	49000	66000	60000		N
서울	노원구	공릉동	공릉11단지	2006	17	368	368	0	24	59	3	1	9	계	46000	25000	70	54%	62000	-26%	-12%	4%	1917	26%	55000	42000	38000	52000	47000		N
서울	노원구	공릉동	공릉12단지	1999	24	980	980	0	21	49	2	1	13	복	38000	20000	60	53%	51000	-25%	-10%	5%	1810	27%	45000	35000	32000	43000	39000		N
서울	노원구	공릉동	공릉13단지	2004	19	612	612	0	32	84	3	2	16	복	63000	32000	95	51%	84000	-25%	-11%	3%	1969	24%	71000	59000	52000	70000	64000		N
서울	노원구	공릉동	공릉14단지	1998	25	1130	1130	0	25	59	3	1	5	계	44000	23000	70	52%	59000	-25%	-12%	4%	1760	26%	54000	40000	37000	51000	46000		N
서울	노원구	공릉동	공릉15단지	2001	22	845	845	0	27	64	3	1	12	계	50000	26000	75	52%	67000	-25%	-12%	4%	1852	25%	59000	46000	42000	57000	52000		N
서울	노원구	공릉동	공릉16단지	1997	26	1265	1265	0	34	84	3	2	15	복	59000	29000	90	49%	79000	-25%	-11%	3%	1735	23%	67000	55000	48000	65000	59000		N
서울	노원구	공릉동	공릉17단지	2003	20	472	472	0	22	51	2	1	7	계	41000	22000	65	54%	55000	-25%	-10%	5%	1864	27%	48000	38000	35000	46000	42000		N
서울	노원구	공릉동	공릉18단지	2000	23	698	698	0	31	74	3	2	10	복	57000	28000	85	49%	76000	-25%	-11%	3%	1839	24%	65000	53000	47000	63000	57000		N
서울	노원구	공릉동	공릉19단지	1996	27	1388	1388	0	24	59	3	1	14	계	43000	23000	70	53%	58000	-26%	-12%	4%	1792	26%	52000	39000	36000	50000	45000		N
서울	노원구	공릉동	공릉20단지	2005	18	534	534	0	32	84	3	2	11	복	64000	32000	95	50%	85000	-25%	-11%	3%	2000	24%	72000	60000	53000	71000	65000		N
서울	노원구	공릉동	공릉1단지	1999	24	1541	1541	0	24	59	3	1	5	계	45000	24000	70	53%	61000	-26%	-12%	4%	1875	26%	55000	41000	38000	52000	47000		N
서울	노원구	공릉동	공릉2단지	2001	22	1205	1205	0	32	84	3	2	9	복	62000	31000	90	50%	83000	-25%	-11%	3%	1938	24%	70000	58000	51000	69000	63000		N
서울	노원구	공릉동	공릉3단지	1998	25	892	892	0	21	49	2	1	12	복	39000	21000	60	54%	52000	-25%	-10%	5%	1857	27%	46000	36000	33000	44000	40000		N
서울	노원구	공릉동	공릉4단지	2003	20	615	615	0	25	59	3	1	7	계	48000	26000	75	54%	64000	-25%	-13%	4%	1920	25%	57000	44000	40000	55000	50000		N
서울	노원구	공릉동	공릉5단지	1997	26	1320	1320	0	34	84	3	2	15	복	61000	30000	95	49%	82000	-26%	-11%	3%	1794	23%	69000	57000	50000	67000	61000		N
서울	노원구	공릉동	공릉6단지	2005	18	438	438	0	27	64	3	1	10	계	52000	27000	80	52%	69000	-25%	-12%	4%	1926	25%	61000	48000	44000	59000	54000		N
서울	노원구	공릉동	공릉7단지	1996	27	1086	1086	0	22	51	2	1	6	계	40000	22000	65	55%	53000	-25%	-10%	5%	1818	27%	47000	37000	34000	45000	41000		N
서울	노원구	공릉동	공릉8단지	2000	23	756	756	0	31	74	3	2	14	복	58000	29000	85	50%	78000	-26%	-11%	3%	1871	24%	66000	54000	48000	64000	58000		N
서울	노원구	공릉동	공릉9단지	2002	21	524	524	0	25	59	3	1	8	계	47000	25000	70	53%	63000	-25%	-12%	4%	1880	26%	56000	43000	39000	53000	48000		N
서울	노원구	공릉동	공릉10단지	1995	28	1452	1452	0	33	84	3	2	11	복	60000	30000	90	50%	80000	-25%	-11%	3%	1818	23%	68000	56000	49000	66000	60000		N
서울	노원구	공릉동	공릉11단지	2006	17	368	368	0	24	59	3	1	9	계	46000	25000	70	54%	62000	-26%	-12%	4%	1917	26%	55000	42000	38000	52000	47000		N
서울	노원구	공릉동	공릉12단지	1999	24	980	980	0	21	49	2	1	13	복	38000	20000	60	53%	51000	-25%	-10%	5%	1810	27%	45000	35000	32000	43000	39000		N
서울	노원구	공릉동	공릉13단지	2004	19	612	612	0	32	84	3	2	16	복	63000	32000	95	51%	84000	-25%	-11%	3%	1969	24%	71000	59000	52000	70000	64000		N
서울	노원구	공릉동	공릉14단지	1998	25	1130	1130	0	25	59	3	1	5	계	44000	23000	70	52%	59000	-25%	-12%	4%	1760	26%	54000	40000	37000	51000	46000		N
서울	노원구	공릉동	공릉15단지	2001	22	845	845	0	27	64	3	1	12	계	50000	26000	75	52%	67000	-25%	-12%	4%	1852	25%	59000	46000	42000	57000	52000		N
서울	노원구	공릉동	공릉16단지	1997	26	1265	1265	0	34	84	3	2	15	복	59000	29000	90	49%	79000	-25%	-11%	3%	1735	23%	67000	55000	48000	65000	59000		N
서울	노원구	공릉동	공릉17단지	2003	20	472	472	0	22	51	2	1	7	계	41000	22000	65	54%	55000	-25%	-10%	5%	1864	27%	48000	38000	35000	46000	42000		N
서울	노원구	공릉동	공릉18단지	2000	23	698	698	0	31	74	3	2	10	복	57000	28000	85	49%	76000	-25%	-11%	3%	1839	24%	65000	53000	47000	63000	57000		N
서울	노원구	공릉동	공릉19단지	1996	27	1388	1388	0	24	59	3	1	14	계	43000	23000	70	53%	58000	-26%	-12%	4%	1792	26%	52000	39000	36000	50000	45000		N
서울	노원구	공릉동	공릉20단지	2005	18	534	534	0	32	84	3	2	11	복	64000	32000	95	50%	85000	-25%	-11%	3%	2000	24%	72000	60000	53000	71000	65000		N
서울	노원구	공릉동	공릉1단지	1999	24	1541	1541	0	24	59	3	1	5	계	45000	24000	70	53%	61000	-26%	-12%	4%	1875	26%	55000	41000	38000	52000	47000		N
서울	노원구	공릉동	공릉2단지	2001	22	1205	1205	0	32	84	3	2	9	복	62000	31000	90	50%	83000	-25%	-11%	3%	1938	24%	70000	58000	51000	69000	63000		N
서울	노원구	공릉동	공릉3단지	1998	25	892	892	0	21	49	2	1	12	복	39000	21000	60	54%	52000	-25%	-10%	5%	1857	27%	46000	36000	33000	44000	40000		N
서울	노원구	공릉동	공릉4단지	2003	20	615	615	0	25	59	3	1	7	계	48000	26000	75	54%	64000	-25%	-13%	4%	1920	25%	57000	44000	40000	55000	50000		N
서울	노원구	공릉동	공릉5단지	1997	26	1320	1320	0	34	84	3	2	15	복	61000	30000	95	49%	82000	-26%	-11%	3%	1794	23%	69000	57000	50000	67000	61000		N
서울	노원구	공릉동	공릉6단지	2005	18	438	438	0	27	64	3	1	10	계	52000	27000	80	52%	69000	-25%	-12%	4%	1926	25%	61000	48000	44000	59000	54000		N
서울	노원구	공릉동	공릉7단지	1996	27	1086	1086	0	22	51	2	1	6	계	40000	22000	65	55%	53000	-25%	-10%	5%	1818	27%	47000	37000	34000	45000	41000		N
서울	노원구	공릉동	공릉8단지	2000	23	756	756	0	31	74	3	2	14	복	58000	29000	85	50%	78000	-26%	-11%	3%	1871	24%	66000	54000	48000	64000	58000		N
서울	노원구	공릉동	공릉9단지	2002	21	524	524	0	25	59	3	1	8	계	47000	25000	70	53%	63000	-25%	-12%	4%	1880	26%	56000	43000	39000	53000	48000		N
서울	노원구	공릉동	공릉10단지	1995	28	1452	1452	0	33	84	3	2	11	복	60000	30000	90	50%	80000	-25%	-11%	3%	1818	23%	68000	56000	49000	66000	60000		N
서울	노원구	공릉동	공릉11단지	2006	17	368	368	0	24	59	3	1	9	계	46000	25000	70	54%	62000	-26%	-12%	4%	1917	26%	55000	42000	38000	52000	47000		N
서울	노원구	공릉동	공릉12단지	1999	24	980	980	0	21	49	2	1	13	복	38000	20000	60	53%	51000	-25%	-10%	5%	1810	27%	45000	35000	32000	43000	39000		N
서울	노원구	공릉동	공릉13단지	2004	19	612	612	0	32	84	3	2	16	복	63000	32000	95	51%	84000	-25%	-11%	3%	1969	24%	71000	59000	52000	70000	64000		N
서울	노원구	공릉동	공릉14단지	1998	25	1130	1130	0	25	59	3	1	5	계	44000	23000	70	52%	59000	-25%	-12%	4%	1760	26%	54000	40000	37000	51000	46000		N
서울	노원구	공릉동	공릉15단지	2001	22	845	845	0	27	64	3	1	12	계	50000	26000	75	52%	67000	-25%	-12%	4%	1852	25%	59000	46000	42000	57000	52000		N
서울	노원구	공릉동	공릉16단지	1997	26	1265	1265	0	34	84	3	2	15	복	59000	29000	90	49%	79000	-25%	-11%	3%	1735	23%	67000	55000	48000	65000	59000		N
1. 2024년 이상 대략 설정
2. 평형은 공급 면적 기준
3. 매매는 최저 호가 기준 (직거래 제외)
4. 전고점 대비 변동률은 최고 실거래가 기준
5. 전세가율 = 전세 / 매매
6. 가중매매 = 입지 가중치 반영
7. 가중1 ~ 가중4는 시나리오별 추정가
8. 데이터는 참고용이며 실제와 다를 수 있음
